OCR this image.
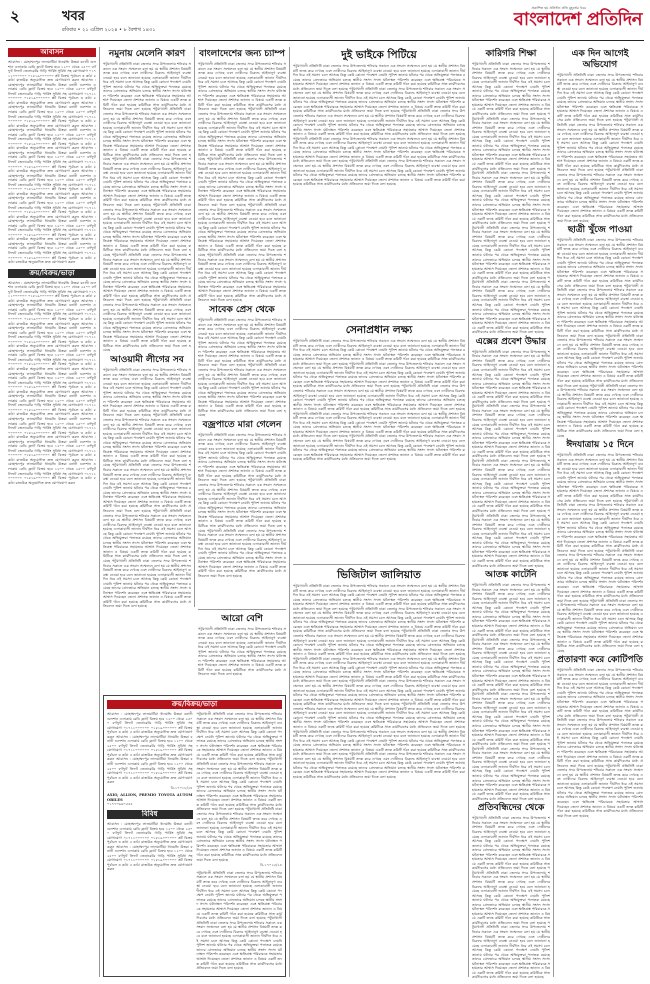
২	খবর
রবিবার • ২১ এপ্রিল ২০২৪ • ৮ বৈশাখ ১৪৩১
প্রকাশিত হয় প্রতিদিন প্রতি মুহূর্তের খবর
বাংলাদেশ প্রতিদিন
আবাসন
আবাসন : মোহাম্মদপুর লালমাটিয়া ধানমন্ডি উত্তরা বনানী গুলশান এলাকায় রেডি ফ্ল্যাট বিক্রয় হবে ১২০০ থেকে ২৫০০ বর্গফুট লিফট জেনারেটর গাড়ি পার্কিং সুবিধা সহ যোগাযোগ ০১৭১১০০০০০০ ০১৮১৯০০০০০০ প্লট বিক্রয় পূর্বাচল ৩ কাঠা ৫ কাঠা রাজউক অনুমোদিত দ্রুত যোগাযোগ করুন আবাসন : মোহাম্মদপুর লালমাটিয়া ধানমন্ডি উত্তরা বনানী গুলশান এলাকায় রেডি ফ্ল্যাট বিক্রয় হবে ১২০০ থেকে ২৫০০ বর্গফুট লিফট জেনারেটর গাড়ি পার্কিং সুবিধা সহ যোগাযোগ ০১৭১১০০০০০০ ০১৮১৯০০০০০০ প্লট বিক্রয় পূর্বাচল ৩ কাঠা ৫ কাঠা রাজউক অনুমোদিত দ্রুত যোগাযোগ করুন আবাসন : মোহাম্মদপুর লালমাটিয়া ধানমন্ডি উত্তরা বনানী গুলশান এলাকায় রেডি ফ্ল্যাট বিক্রয় হবে ১২০০ থেকে ২৫০০ বর্গফুট লিফট জেনারেটর গাড়ি পার্কিং সুবিধা সহ যোগাযোগ ০১৭১১০০০০০০ ০১৮১৯০০০০০০ প্লট বিক্রয় পূর্বাচল ৩ কাঠা ৫ কাঠা রাজউক অনুমোদিত দ্রুত যোগাযোগ করুন আবাসন : মোহাম্মদপুর লালমাটিয়া ধানমন্ডি উত্তরা বনানী গুলশান এলাকায় রেডি ফ্ল্যাট বিক্রয় হবে ১২০০ থেকে ২৫০০ বর্গফুট লিফট জেনারেটর গাড়ি পার্কিং সুবিধা সহ যোগাযোগ ০১৭১১০০০০০০ ০১৮১৯০০০০০০ প্লট বিক্রয় পূর্বাচল ৩ কাঠা ৫ কাঠা রাজউক অনুমোদিত দ্রুত যোগাযোগ করুন আবাসন : মোহাম্মদপুর লালমাটিয়া ধানমন্ডি উত্তরা বনানী গুলশান এলাকায় রেডি ফ্ল্যাট বিক্রয় হবে ১২০০ থেকে ২৫০০ বর্গফুট লিফট জেনারেটর গাড়ি পার্কিং সুবিধা সহ যোগাযোগ ০১৭১১০০০০০০ ০১৮১৯০০০০০০ প্লট বিক্রয় পূর্বাচল ৩ কাঠা ৫ কাঠা রাজউক অনুমোদিত দ্রুত যোগাযোগ করুন আবাসন : মোহাম্মদপুর লালমাটিয়া ধানমন্ডি উত্তরা বনানী গুলশান এলাকায় রেডি ফ্ল্যাট বিক্রয় হবে ১২০০ থেকে ২৫০০ বর্গফুট লিফট জেনারেটর গাড়ি পার্কিং সুবিধা সহ যোগাযোগ ০১৭১১০০০০০০ ০১৮১৯০০০০০০ প্লট বিক্রয় পূর্বাচল ৩ কাঠা ৫ কাঠা রাজউক অনুমোদিত দ্রুত যোগাযোগ করুন আবাসন : মোহাম্মদপুর লালমাটিয়া ধানমন্ডি উত্তরা বনানী গুলশান এলাকায় রেডি ফ্ল্যাট বিক্রয় হবে ১২০০ থেকে ২৫০০ বর্গফুট লিফট জেনারেটর গাড়ি পার্কিং সুবিধা সহ যোগাযোগ ০১৭১১০০০০০০ ০১৮১৯০০০০০০ প্লট বিক্রয় পূর্বাচল ৩ কাঠা ৫ কাঠা রাজউক অনুমোদিত দ্রুত যোগাযোগ করুন আবাসন : মোহাম্মদপুর লালমাটিয়া ধানমন্ডি উত্তরা বনানী গুলশান এলাকায় রেডি ফ্ল্যাট বিক্রয় হবে ১২০০ থেকে ২৫০০ বর্গফুট লিফট জেনারেটর গাড়ি পার্কিং সুবিধা সহ যোগাযোগ ০১৭১১০০০০০০ ০১৮১৯০০০০০০ প্লট বিক্রয় পূর্বাচল ৩ কাঠা ৫ কাঠা রাজউক অনুমোদিত দ্রুত যোগাযোগ করুন আবাসন : মোহাম্মদপুর লালমাটিয়া ধানমন্ডি উত্তরা বনানী গুলশান এলাকায় রেডি ফ্ল্যাট বিক্রয় হবে ১২০০ থেকে ২৫০০ বর্গফুট লিফট জেনারেটর গাড়ি পার্কিং সুবিধা সহ যোগাযোগ ০১৭১১০০০০০০ ০১৮১৯০০০০০০ প্লট বিক্রয় পূর্বাচল ৩ কাঠা ৫ কাঠা রাজউক অনুমোদিত দ্রুত যোগাযোগ করুন
ক্রয়/বিক্রয়/ভাড়া
আবাসন : মোহাম্মদপুর লালমাটিয়া ধানমন্ডি উত্তরা বনানী গুলশান এলাকায় রেডি ফ্ল্যাট বিক্রয় হবে ১২০০ থেকে ২৫০০ বর্গফুট লিফট জেনারেটর গাড়ি পার্কিং সুবিধা সহ যোগাযোগ ০১৭১১০০০০০০ ০১৮১৯০০০০০০ প্লট বিক্রয় পূর্বাচল ৩ কাঠা ৫ কাঠা রাজউক অনুমোদিত দ্রুত যোগাযোগ করুন আবাসন : মোহাম্মদপুর লালমাটিয়া ধানমন্ডি উত্তরা বনানী গুলশান এলাকায় রেডি ফ্ল্যাট বিক্রয় হবে ১২০০ থেকে ২৫০০ বর্গফুট লিফট জেনারেটর গাড়ি পার্কিং সুবিধা সহ যোগাযোগ ০১৭১১০০০০০০ ০১৮১৯০০০০০০ প্লট বিক্রয় পূর্বাচল ৩ কাঠা ৫ কাঠা রাজউক অনুমোদিত দ্রুত যোগাযোগ করুন আবাসন : মোহাম্মদপুর লালমাটিয়া ধানমন্ডি উত্তরা বনানী গুলশান এলাকায় রেডি ফ্ল্যাট বিক্রয় হবে ১২০০ থেকে ২৫০০ বর্গফুট লিফট জেনারেটর গাড়ি পার্কিং সুবিধা সহ যোগাযোগ ০১৭১১০০০০০০ ০১৮১৯০০০০০০ প্লট বিক্রয় পূর্বাচল ৩ কাঠা ৫ কাঠা রাজউক অনুমোদিত দ্রুত যোগাযোগ করুন আবাসন : মোহাম্মদপুর লালমাটিয়া ধানমন্ডি উত্তরা বনানী গুলশান এলাকায় রেডি ফ্ল্যাট বিক্রয় হবে ১২০০ থেকে ২৫০০ বর্গফুট লিফট জেনারেটর গাড়ি পার্কিং সুবিধা সহ যোগাযোগ ০১৭১১০০০০০০ ০১৮১৯০০০০০০ প্লট বিক্রয় পূর্বাচল ৩ কাঠা ৫ কাঠা রাজউক অনুমোদিত দ্রুত যোগাযোগ করুন আবাসন : মোহাম্মদপুর লালমাটিয়া ধানমন্ডি উত্তরা বনানী গুলশান এলাকায় রেডি ফ্ল্যাট বিক্রয় হবে ১২০০ থেকে ২৫০০ বর্গফুট লিফট জেনারেটর গাড়ি পার্কিং সুবিধা সহ যোগাযোগ ০১৭১১০০০০০০ ০১৮১৯০০০০০০ প্লট বিক্রয় পূর্বাচল ৩ কাঠা ৫ কাঠা রাজউক অনুমোদিত দ্রুত যোগাযোগ করুন আবাসন : মোহাম্মদপুর লালমাটিয়া ধানমন্ডি উত্তরা বনানী গুলশান এলাকায় রেডি ফ্ল্যাট বিক্রয় হবে ১২০০ থেকে ২৫০০ বর্গফুট লিফট জেনারেটর গাড়ি পার্কিং সুবিধা সহ যোগাযোগ ০১৭১১০০০০০০ ০১৮১৯০০০০০০ প্লট বিক্রয় পূর্বাচল ৩ কাঠা ৫ কাঠা রাজউক অনুমোদিত দ্রুত যোগাযোগ করুন আবাসন : মোহাম্মদপুর লালমাটিয়া ধানমন্ডি উত্তরা বনানী গুলশান এলাকায় রেডি ফ্ল্যাট বিক্রয় হবে ১২০০ থেকে ২৫০০ বর্গফুট লিফট জেনারেটর গাড়ি পার্কিং সুবিধা সহ যোগাযোগ ০১৭১১০০০০০০ ০১৮১৯০০০০০০ প্লট বিক্রয় পূর্বাচল ৩ কাঠা ৫ কাঠা রাজউক অনুমোদিত দ্রুত যোগাযোগ করুন আবাসন : মোহাম্মদপুর লালমাটিয়া ধানমন্ডি উত্তরা বনানী গুলশান এলাকায় রেডি ফ্ল্যাট বিক্রয় হবে ১২০০ থেকে ২৫০০ বর্গফুট লিফট জেনারেটর গাড়ি পার্কিং সুবিধা সহ যোগাযোগ ০১৭১১০০০০০০ ০১৮১৯০০০০০০ প্লট বিক্রয় পূর্বাচল ৩ কাঠা ৫ কাঠা রাজউক অনুমোদিত দ্রুত যোগাযোগ করুন আবাসন : মোহাম্মদপুর লালমাটিয়া ধানমন্ডি উত্তরা বনানী গুলশান এলাকায় রেডি ফ্ল্যাট বিক্রয় হবে ১২০০ থেকে ২৫০০ বর্গফুট লিফট জেনারেটর গাড়ি পার্কিং সুবিধা সহ যোগাযোগ ০১৭১১০০০০০০ ০১৮১৯০০০০০০ প্লট বিক্রয় পূর্বাচল ৩ কাঠা ৫ কাঠা রাজউক অনুমোদিত দ্রুত যোগাযোগ করুন
নমুনায় মেলেনি কারণ
পটুয়াখালী প্রতিনিধি ঢাকা জেলার সদর উপজেলায় শনিবার সকালে এক সংবাদ সম্মেলনে বলা হয় যে স্থানীয় প্রশাসন বিষয়টি তদন্ত করে দেখছে এবং দোষীদের বিরুদ্ধে আইনানুগ ব্যবস্থা নেওয়া হবে বলে জানানো হয়েছে এলাকাবাসী জানান দীর্ঘদিন ধরে এই সমস্যা চলে আসছে কিন্তু কেউ কোনো পদক্ষেপ নেয়নি পুলিশ জানায় ঘটনার পর থেকে অভিযুক্তরা পলাতক রয়েছে তাদের গ্রেফতারে অভিযান চলছে স্থানীয় সংসদ সদস্য ঘটনাস্থল পরিদর্শন করেছেন এবং ক্ষতিগ্রস্ত পরিবারকে সহায়তার আশ্বাস দিয়েছেন জেলা প্রশাসক জানান এ বিষয়ে একটি তদন্ত কমিটি গঠন করা হয়েছে কমিটিকে সাত কার্যদিবসের মধ্যে প্রতিবেদন জমা দিতে বলা হয়েছে পটুয়াখালী প্রতিনিধি ঢাকা জেলার সদর উপজেলায় শনিবার সকালে এক সংবাদ সম্মেলনে বলা হয় যে স্থানীয় প্রশাসন বিষয়টি তদন্ত করে দেখছে এবং দোষীদের বিরুদ্ধে আইনানুগ ব্যবস্থা নেওয়া হবে বলে জানানো হয়েছে এলাকাবাসী জানান দীর্ঘদিন ধরে এই সমস্যা চলে আসছে কিন্তু কেউ কোনো পদক্ষেপ নেয়নি পুলিশ জানায় ঘটনার পর থেকে অভিযুক্তরা পলাতক রয়েছে তাদের গ্রেফতারে অভিযান চলছে স্থানীয় সংসদ সদস্য ঘটনাস্থল পরিদর্শন করেছেন এবং ক্ষতিগ্রস্ত পরিবারকে সহায়তার আশ্বাস দিয়েছেন জেলা প্রশাসক জানান এ বিষয়ে একটি তদন্ত কমিটি গঠন করা হয়েছে কমিটিকে সাত কার্যদিবসের মধ্যে প্রতিবেদন জমা দিতে বলা হয়েছে পটুয়াখালী প্রতিনিধি ঢাকা জেলার সদর উপজেলায় শনিবার সকালে এক সংবাদ সম্মেলনে বলা হয় যে স্থানীয় প্রশাসন বিষয়টি তদন্ত করে দেখছে এবং দোষীদের বিরুদ্ধে আইনানুগ ব্যবস্থা নেওয়া হবে বলে জানানো হয়েছে এলাকাবাসী জানান দীর্ঘদিন ধরে এই সমস্যা চলে আসছে কিন্তু কেউ কোনো পদক্ষেপ নেয়নি পুলিশ জানায় ঘটনার পর থেকে অভিযুক্তরা পলাতক রয়েছে তাদের গ্রেফতারে অভিযান চলছে স্থানীয় সংসদ সদস্য ঘটনাস্থল পরিদর্শন করেছেন এবং ক্ষতিগ্রস্ত পরিবারকে সহায়তার আশ্বাস দিয়েছেন জেলা প্রশাসক জানান এ বিষয়ে একটি তদন্ত কমিটি গঠন করা হয়েছে কমিটিকে সাত কার্যদিবসের মধ্যে প্রতিবেদন জমা দিতে বলা হয়েছে পটুয়াখালী প্রতিনিধি ঢাকা জেলার সদর উপজেলায় শনিবার সকালে এক সংবাদ সম্মেলনে বলা হয় যে স্থানীয় প্রশাসন বিষয়টি তদন্ত করে দেখছে এবং দোষীদের বিরুদ্ধে আইনানুগ ব্যবস্থা নেওয়া হবে বলে জানানো হয়েছে এলাকাবাসী জানান দীর্ঘদিন ধরে এই সমস্যা চলে আসছে কিন্তু কেউ কোনো পদক্ষেপ নেয়নি পুলিশ জানায় ঘটনার পর থেকে অভিযুক্তরা পলাতক রয়েছে তাদের গ্রেফতারে অভিযান চলছে স্থানীয় সংসদ সদস্য ঘটনাস্থল পরিদর্শন করেছেন এবং ক্ষতিগ্রস্ত পরিবারকে সহায়তার আশ্বাস দিয়েছেন জেলা প্রশাসক জানান এ বিষয়ে একটি তদন্ত কমিটি গঠন করা হয়েছে কমিটিকে সাত কার্যদিবসের মধ্যে প্রতিবেদন জমা দিতে বলা হয়েছে পটুয়াখালী প্রতিনিধি ঢাকা জেলার সদর উপজেলায় শনিবার সকালে এক সংবাদ সম্মেলনে বলা হয় যে স্থানীয় প্রশাসন বিষয়টি তদন্ত করে দেখছে এবং দোষীদের বিরুদ্ধে আইনানুগ ব্যবস্থা নেওয়া হবে বলে জানানো হয়েছে এলাকাবাসী জানান দীর্ঘদিন ধরে এই সমস্যা চলে আসছে কিন্তু কেউ কোনো পদক্ষেপ নেয়নি পুলিশ জানায় ঘটনার পর থেকে অভিযুক্তরা পলাতক রয়েছে তাদের গ্রেফতারে অভিযান চলছে স্থানীয় সংসদ সদস্য ঘটনাস্থল পরিদর্শন করেছেন এবং ক্ষতিগ্রস্ত পরিবারকে সহায়তার আশ্বাস দিয়েছেন জেলা প্রশাসক জানান এ বিষয়ে একটি তদন্ত কমিটি গঠন করা হয়েছে কমিটিকে সাত কার্যদিবসের মধ্যে প্রতিবেদন জমা দিতে বলা হয়েছে পটুয়াখালী প্রতিনিধি ঢাকা জেলার সদর উপজেলায় শনিবার সকালে এক সংবাদ সম্মেলনে বলা হয় যে স্থানীয় প্রশাসন বিষয়টি তদন্ত করে দেখছে এবং দোষীদের বিরুদ্ধে আইনানুগ ব্যবস্থা নেওয়া হবে বলে জানানো হয়েছে এলাকাবাসী জানান দীর্ঘদিন ধরে এই সমস্যা চলে আসছে কিন্তু কেউ কোনো পদক্ষেপ নেয়নি পুলিশ জানায় ঘটনার পর থেকে অভিযুক্তরা পলাতক রয়েছে তাদের গ্রেফতারে অভিযান চলছে স্থানীয় সংসদ সদস্য ঘটনাস্থল পরিদর্শন করেছেন এবং ক্ষতিগ্রস্ত পরিবারকে সহায়তার আশ্বাস দিয়েছেন জেলা প্রশাসক জানান এ বিষয়ে একটি তদন্ত কমিটি গঠন করা হয়েছে কমিটিকে সাত কার্যদিবসের মধ্যে প্রতিবেদন জমা দিতে বলা হয়েছে
আওয়ামী লীগের সব
পটুয়াখালী প্রতিনিধি ঢাকা জেলার সদর উপজেলায় শনিবার সকালে এক সংবাদ সম্মেলনে বলা হয় যে স্থানীয় প্রশাসন বিষয়টি তদন্ত করে দেখছে এবং দোষীদের বিরুদ্ধে আইনানুগ ব্যবস্থা নেওয়া হবে বলে জানানো হয়েছে এলাকাবাসী জানান দীর্ঘদিন ধরে এই সমস্যা চলে আসছে কিন্তু কেউ কোনো পদক্ষেপ নেয়নি পুলিশ জানায় ঘটনার পর থেকে অভিযুক্তরা পলাতক রয়েছে তাদের গ্রেফতারে অভিযান চলছে স্থানীয় সংসদ সদস্য ঘটনাস্থল পরিদর্শন করেছেন এবং ক্ষতিগ্রস্ত পরিবারকে সহায়তার আশ্বাস দিয়েছেন জেলা প্রশাসক জানান এ বিষয়ে একটি তদন্ত কমিটি গঠন করা হয়েছে কমিটিকে সাত কার্যদিবসের মধ্যে প্রতিবেদন জমা দিতে বলা হয়েছে পটুয়াখালী প্রতিনিধি ঢাকা জেলার সদর উপজেলায় শনিবার সকালে এক সংবাদ সম্মেলনে বলা হয় যে স্থানীয় প্রশাসন বিষয়টি তদন্ত করে দেখছে এবং দোষীদের বিরুদ্ধে আইনানুগ ব্যবস্থা নেওয়া হবে বলে জানানো হয়েছে এলাকাবাসী জানান দীর্ঘদিন ধরে এই সমস্যা চলে আসছে কিন্তু কেউ কোনো পদক্ষেপ নেয়নি পুলিশ জানায় ঘটনার পর থেকে অভিযুক্তরা পলাতক রয়েছে তাদের গ্রেফতারে অভিযান চলছে স্থানীয় সংসদ সদস্য ঘটনাস্থল পরিদর্শন করেছেন এবং ক্ষতিগ্রস্ত পরিবারকে সহায়তার আশ্বাস দিয়েছেন জেলা প্রশাসক জানান এ বিষয়ে একটি তদন্ত কমিটি গঠন করা হয়েছে কমিটিকে সাত কার্যদিবসের মধ্যে প্রতিবেদন জমা দিতে বলা হয়েছে পটুয়াখালী প্রতিনিধি ঢাকা জেলার সদর উপজেলায় শনিবার সকালে এক সংবাদ সম্মেলনে বলা হয় যে স্থানীয় প্রশাসন বিষয়টি তদন্ত করে দেখছে এবং দোষীদের বিরুদ্ধে আইনানুগ ব্যবস্থা নেওয়া হবে বলে জানানো হয়েছে এলাকাবাসী জানান দীর্ঘদিন ধরে এই সমস্যা চলে আসছে কিন্তু কেউ কোনো পদক্ষেপ নেয়নি পুলিশ জানায় ঘটনার পর থেকে অভিযুক্তরা পলাতক রয়েছে তাদের গ্রেফতারে অভিযান চলছে স্থানীয় সংসদ সদস্য ঘটনাস্থল পরিদর্শন করেছেন এবং ক্ষতিগ্রস্ত পরিবারকে সহায়তার আশ্বাস দিয়েছেন জেলা প্রশাসক জানান এ বিষয়ে একটি তদন্ত কমিটি গঠন করা হয়েছে কমিটিকে সাত কার্যদিবসের মধ্যে প্রতিবেদন জমা দিতে বলা হয়েছে পটুয়াখালী প্রতিনিধি ঢাকা জেলার সদর উপজেলায় শনিবার সকালে এক সংবাদ সম্মেলনে বলা হয় যে স্থানীয় প্রশাসন বিষয়টি তদন্ত করে দেখছে এবং দোষীদের বিরুদ্ধে আইনানুগ ব্যবস্থা নেওয়া হবে বলে জানানো হয়েছে এলাকাবাসী জানান দীর্ঘদিন ধরে এই সমস্যা চলে আসছে কিন্তু কেউ কোনো পদক্ষেপ নেয়নি পুলিশ জানায় ঘটনার পর থেকে অভিযুক্তরা পলাতক রয়েছে তাদের গ্রেফতারে অভিযান চলছে স্থানীয় সংসদ সদস্য ঘটনাস্থল পরিদর্শন করেছেন এবং ক্ষতিগ্রস্ত পরিবারকে সহায়তার আশ্বাস দিয়েছেন জেলা প্রশাসক জানান এ বিষয়ে একটি তদন্ত কমিটি গঠন করা হয়েছে কমিটিকে সাত কার্যদিবসের মধ্যে প্রতিবেদন জমা দিতে বলা হয়েছে পটুয়াখালী প্রতিনিধি ঢাকা জেলার সদর উপজেলায় শনিবার সকালে এক সংবাদ সম্মেলনে বলা হয় যে স্থানীয় প্রশাসন বিষয়টি তদন্ত করে দেখছে এবং দোষীদের বিরুদ্ধে আইনানুগ ব্যবস্থা নেওয়া হবে বলে জানানো হয়েছে এলাকাবাসী জানান দীর্ঘদিন ধরে এই সমস্যা চলে আসছে কিন্তু কেউ কোনো পদক্ষেপ নেয়নি পুলিশ জানায় ঘটনার পর থেকে অভিযুক্তরা পলাতক রয়েছে তাদের গ্রেফতারে অভিযান চলছে স্থানীয় সংসদ সদস্য ঘটনাস্থল পরিদর্শন করেছেন এবং ক্ষতিগ্রস্ত পরিবারকে সহায়তার আশ্বাস দিয়েছেন জেলা প্রশাসক জানান এ বিষয়ে একটি তদন্ত কমিটি গঠন করা হয়েছে কমিটিকে সাত কার্যদিবসের মধ্যে প্রতিবেদন জমা দিতে বলা হয়েছে
বাংলাদেশের জন্য চ্যাম্প
পটুয়াখালী প্রতিনিধি ঢাকা জেলার সদর উপজেলায় শনিবার সকালে এক সংবাদ সম্মেলনে বলা হয় যে স্থানীয় প্রশাসন বিষয়টি তদন্ত করে দেখছে এবং দোষীদের বিরুদ্ধে আইনানুগ ব্যবস্থা নেওয়া হবে বলে জানানো হয়েছে এলাকাবাসী জানান দীর্ঘদিন ধরে এই সমস্যা চলে আসছে কিন্তু কেউ কোনো পদক্ষেপ নেয়নি পুলিশ জানায় ঘটনার পর থেকে অভিযুক্তরা পলাতক রয়েছে তাদের গ্রেফতারে অভিযান চলছে স্থানীয় সংসদ সদস্য ঘটনাস্থল পরিদর্শন করেছেন এবং ক্ষতিগ্রস্ত পরিবারকে সহায়তার আশ্বাস দিয়েছেন জেলা প্রশাসক জানান এ বিষয়ে একটি তদন্ত কমিটি গঠন করা হয়েছে কমিটিকে সাত কার্যদিবসের মধ্যে প্রতিবেদন জমা দিতে বলা হয়েছে পটুয়াখালী প্রতিনিধি ঢাকা জেলার সদর উপজেলায় শনিবার সকালে এক সংবাদ সম্মেলনে বলা হয় যে স্থানীয় প্রশাসন বিষয়টি তদন্ত করে দেখছে এবং দোষীদের বিরুদ্ধে আইনানুগ ব্যবস্থা নেওয়া হবে বলে জানানো হয়েছে এলাকাবাসী জানান দীর্ঘদিন ধরে এই সমস্যা চলে আসছে কিন্তু কেউ কোনো পদক্ষেপ নেয়নি পুলিশ জানায় ঘটনার পর থেকে অভিযুক্তরা পলাতক রয়েছে তাদের গ্রেফতারে অভিযান চলছে স্থানীয় সংসদ সদস্য ঘটনাস্থল পরিদর্শন করেছেন এবং ক্ষতিগ্রস্ত পরিবারকে সহায়তার আশ্বাস দিয়েছেন জেলা প্রশাসক জানান এ বিষয়ে একটি তদন্ত কমিটি গঠন করা হয়েছে কমিটিকে সাত কার্যদিবসের মধ্যে প্রতিবেদন জমা দিতে বলা হয়েছে পটুয়াখালী প্রতিনিধি ঢাকা জেলার সদর উপজেলায় শনিবার সকালে এক সংবাদ সম্মেলনে বলা হয় যে স্থানীয় প্রশাসন বিষয়টি তদন্ত করে দেখছে এবং দোষীদের বিরুদ্ধে আইনানুগ ব্যবস্থা নেওয়া হবে বলে জানানো হয়েছে এলাকাবাসী জানান দীর্ঘদিন ধরে এই সমস্যা চলে আসছে কিন্তু কেউ কোনো পদক্ষেপ নেয়নি পুলিশ জানায় ঘটনার পর থেকে অভিযুক্তরা পলাতক রয়েছে তাদের গ্রেফতারে অভিযান চলছে স্থানীয় সংসদ সদস্য ঘটনাস্থল পরিদর্শন করেছেন এবং ক্ষতিগ্রস্ত পরিবারকে সহায়তার আশ্বাস দিয়েছেন জেলা প্রশাসক জানান এ বিষয়ে একটি তদন্ত কমিটি গঠন করা হয়েছে কমিটিকে সাত কার্যদিবসের মধ্যে প্রতিবেদন জমা দিতে বলা হয়েছে পটুয়াখালী প্রতিনিধি ঢাকা জেলার সদর উপজেলায় শনিবার সকালে এক সংবাদ সম্মেলনে বলা হয় যে স্থানীয় প্রশাসন বিষয়টি তদন্ত করে দেখছে এবং দোষীদের বিরুদ্ধে আইনানুগ ব্যবস্থা নেওয়া হবে বলে জানানো হয়েছে এলাকাবাসী জানান দীর্ঘদিন ধরে এই সমস্যা চলে আসছে কিন্তু কেউ কোনো পদক্ষেপ নেয়নি পুলিশ জানায় ঘটনার পর থেকে অভিযুক্তরা পলাতক রয়েছে তাদের গ্রেফতারে অভিযান চলছে স্থানীয় সংসদ সদস্য ঘটনাস্থল পরিদর্শন করেছেন এবং ক্ষতিগ্রস্ত পরিবারকে সহায়তার আশ্বাস দিয়েছেন জেলা প্রশাসক জানান এ বিষয়ে একটি তদন্ত কমিটি গঠন করা হয়েছে কমিটিকে সাত কার্যদিবসের মধ্যে প্রতিবেদন জমা দিতে বলা হয়েছে পটুয়াখালী প্রতিনিধি ঢাকা জেলার সদর উপজেলায় শনিবার সকালে এক সংবাদ সম্মেলনে বলা হয় যে স্থানীয় প্রশাসন বিষয়টি তদন্ত করে দেখছে এবং দোষীদের বিরুদ্ধে আইনানুগ ব্যবস্থা নেওয়া হবে বলে জানানো হয়েছে এলাকাবাসী জানান দীর্ঘদিন ধরে এই সমস্যা চলে আসছে কিন্তু কেউ কোনো পদক্ষেপ নেয়নি পুলিশ জানায় ঘটনার পর থেকে অভিযুক্তরা পলাতক রয়েছে তাদের গ্রেফতারে অভিযান চলছে স্থানীয় সংসদ সদস্য ঘটনাস্থল পরিদর্শন করেছেন এবং ক্ষতিগ্রস্ত পরিবারকে সহায়তার আশ্বাস দিয়েছেন জেলা প্রশাসক জানান এ বিষয়ে একটি তদন্ত কমিটি গঠন করা হয়েছে কমিটিকে সাত কার্যদিবসের মধ্যে প্রতিবেদন জমা দিতে বলা হয়েছে
সাবেক প্রেস থেকে
পটুয়াখালী প্রতিনিধি ঢাকা জেলার সদর উপজেলায় শনিবার সকালে এক সংবাদ সম্মেলনে বলা হয় যে স্থানীয় প্রশাসন বিষয়টি তদন্ত করে দেখছে এবং দোষীদের বিরুদ্ধে আইনানুগ ব্যবস্থা নেওয়া হবে বলে জানানো হয়েছে এলাকাবাসী জানান দীর্ঘদিন ধরে এই সমস্যা চলে আসছে কিন্তু কেউ কোনো পদক্ষেপ নেয়নি পুলিশ জানায় ঘটনার পর থেকে অভিযুক্তরা পলাতক রয়েছে তাদের গ্রেফতারে অভিযান চলছে স্থানীয় সংসদ সদস্য ঘটনাস্থল পরিদর্শন করেছেন এবং ক্ষতিগ্রস্ত পরিবারকে সহায়তার আশ্বাস দিয়েছেন জেলা প্রশাসক জানান এ বিষয়ে একটি তদন্ত কমিটি গঠন করা হয়েছে কমিটিকে সাত কার্যদিবসের মধ্যে প্রতিবেদন জমা দিতে বলা হয়েছে পটুয়াখালী প্রতিনিধি ঢাকা জেলার সদর উপজেলায় শনিবার সকালে এক সংবাদ সম্মেলনে বলা হয় যে স্থানীয় প্রশাসন বিষয়টি তদন্ত করে দেখছে এবং দোষীদের বিরুদ্ধে আইনানুগ ব্যবস্থা নেওয়া হবে বলে জানানো হয়েছে এলাকাবাসী জানান দীর্ঘদিন ধরে এই সমস্যা চলে আসছে কিন্তু কেউ কোনো পদক্ষেপ নেয়নি পুলিশ জানায় ঘটনার পর থেকে অভিযুক্তরা পলাতক রয়েছে তাদের গ্রেফতারে অভিযান চলছে স্থানীয় সংসদ সদস্য ঘটনাস্থল পরিদর্শন করেছেন এবং ক্ষতিগ্রস্ত পরিবারকে সহায়তার আশ্বাস দিয়েছেন জেলা প্রশাসক জানান এ বিষয়ে একটি তদন্ত কমিটি গঠন করা হয়েছে কমিটিকে সাত কার্যদিবসের মধ্যে প্রতিবেদন জমা দিতে বলা হয়েছে
বজ্রপাতে মারা গেলেন
পটুয়াখালী প্রতিনিধি ঢাকা জেলার সদর উপজেলায় শনিবার সকালে এক সংবাদ সম্মেলনে বলা হয় যে স্থানীয় প্রশাসন বিষয়টি তদন্ত করে দেখছে এবং দোষীদের বিরুদ্ধে আইনানুগ ব্যবস্থা নেওয়া হবে বলে জানানো হয়েছে এলাকাবাসী জানান দীর্ঘদিন ধরে এই সমস্যা চলে আসছে কিন্তু কেউ কোনো পদক্ষেপ নেয়নি পুলিশ জানায় ঘটনার পর থেকে অভিযুক্তরা পলাতক রয়েছে তাদের গ্রেফতারে অভিযান চলছে স্থানীয় সংসদ সদস্য ঘটনাস্থল পরিদর্শন করেছেন এবং ক্ষতিগ্রস্ত পরিবারকে সহায়তার আশ্বাস দিয়েছেন জেলা প্রশাসক জানান এ বিষয়ে একটি তদন্ত কমিটি গঠন করা হয়েছে কমিটিকে সাত কার্যদিবসের মধ্যে প্রতিবেদন জমা দিতে বলা হয়েছে পটুয়াখালী প্রতিনিধি ঢাকা জেলার সদর উপজেলায় শনিবার সকালে এক সংবাদ সম্মেলনে বলা হয় যে স্থানীয় প্রশাসন বিষয়টি তদন্ত করে দেখছে এবং দোষীদের বিরুদ্ধে আইনানুগ ব্যবস্থা নেওয়া হবে বলে জানানো হয়েছে এলাকাবাসী জানান দীর্ঘদিন ধরে এই সমস্যা চলে আসছে কিন্তু কেউ কোনো পদক্ষেপ নেয়নি পুলিশ জানায় ঘটনার পর থেকে অভিযুক্তরা পলাতক রয়েছে তাদের গ্রেফতারে অভিযান চলছে স্থানীয় সংসদ সদস্য ঘটনাস্থল পরিদর্শন করেছেন এবং ক্ষতিগ্রস্ত পরিবারকে সহায়তার আশ্বাস দিয়েছেন জেলা প্রশাসক জানান এ বিষয়ে একটি তদন্ত কমিটি গঠন করা হয়েছে কমিটিকে সাত কার্যদিবসের মধ্যে প্রতিবেদন জমা দিতে বলা হয়েছে পটুয়াখালী প্রতিনিধি ঢাকা জেলার সদর উপজেলায় শনিবার সকালে এক সংবাদ সম্মেলনে বলা হয় যে স্থানীয় প্রশাসন বিষয়টি তদন্ত করে দেখছে এবং দোষীদের বিরুদ্ধে আইনানুগ ব্যবস্থা নেওয়া হবে বলে জানানো হয়েছে এলাকাবাসী জানান দীর্ঘদিন ধরে এই সমস্যা চলে আসছে কিন্তু কেউ কোনো পদক্ষেপ নেয়নি পুলিশ জানায় ঘটনার পর থেকে অভিযুক্তরা পলাতক রয়েছে তাদের গ্রেফতারে অভিযান চলছে স্থানীয় সংসদ সদস্য ঘটনাস্থল পরিদর্শন করেছেন এবং ক্ষতিগ্রস্ত পরিবারকে সহায়তার আশ্বাস দিয়েছেন জেলা প্রশাসক জানান এ বিষয়ে একটি তদন্ত কমিটি গঠন করা হয়েছে কমিটিকে সাত কার্যদিবসের মধ্যে প্রতিবেদন জমা দিতে বলা হয়েছে
দুই ভাইকে পিটিয়ে
পটুয়াখালী প্রতিনিধি ঢাকা জেলার সদর উপজেলায় শনিবার সকালে এক সংবাদ সম্মেলনে বলা হয় যে স্থানীয় প্রশাসন বিষয়টি তদন্ত করে দেখছে এবং দোষীদের বিরুদ্ধে আইনানুগ ব্যবস্থা নেওয়া হবে বলে জানানো হয়েছে এলাকাবাসী জানান দীর্ঘদিন ধরে এই সমস্যা চলে আসছে কিন্তু কেউ কোনো পদক্ষেপ নেয়নি পুলিশ জানায় ঘটনার পর থেকে অভিযুক্তরা পলাতক রয়েছে তাদের গ্রেফতারে অভিযান চলছে স্থানীয় সংসদ সদস্য ঘটনাস্থল পরিদর্শন করেছেন এবং ক্ষতিগ্রস্ত পরিবারকে সহায়তার আশ্বাস দিয়েছেন জেলা প্রশাসক জানান এ বিষয়ে একটি তদন্ত কমিটি গঠন করা হয়েছে কমিটিকে সাত কার্যদিবসের মধ্যে প্রতিবেদন জমা দিতে বলা হয়েছে পটুয়াখালী প্রতিনিধি ঢাকা জেলার সদর উপজেলায় শনিবার সকালে এক সংবাদ সম্মেলনে বলা হয় যে স্থানীয় প্রশাসন বিষয়টি তদন্ত করে দেখছে এবং দোষীদের বিরুদ্ধে আইনানুগ ব্যবস্থা নেওয়া হবে বলে জানানো হয়েছে এলাকাবাসী জানান দীর্ঘদিন ধরে এই সমস্যা চলে আসছে কিন্তু কেউ কোনো পদক্ষেপ নেয়নি পুলিশ জানায় ঘটনার পর থেকে অভিযুক্তরা পলাতক রয়েছে তাদের গ্রেফতারে অভিযান চলছে স্থানীয় সংসদ সদস্য ঘটনাস্থল পরিদর্শন করেছেন এবং ক্ষতিগ্রস্ত পরিবারকে সহায়তার আশ্বাস দিয়েছেন জেলা প্রশাসক জানান এ বিষয়ে একটি তদন্ত কমিটি গঠন করা হয়েছে কমিটিকে সাত কার্যদিবসের মধ্যে প্রতিবেদন জমা দিতে বলা হয়েছে পটুয়াখালী প্রতিনিধি ঢাকা জেলার সদর উপজেলায় শনিবার সকালে এক সংবাদ সম্মেলনে বলা হয় যে স্থানীয় প্রশাসন বিষয়টি তদন্ত করে দেখছে এবং দোষীদের বিরুদ্ধে আইনানুগ ব্যবস্থা নেওয়া হবে বলে জানানো হয়েছে এলাকাবাসী জানান দীর্ঘদিন ধরে এই সমস্যা চলে আসছে কিন্তু কেউ কোনো পদক্ষেপ নেয়নি পুলিশ জানায় ঘটনার পর থেকে অভিযুক্তরা পলাতক রয়েছে তাদের গ্রেফতারে অভিযান চলছে স্থানীয় সংসদ সদস্য ঘটনাস্থল পরিদর্শন করেছেন এবং ক্ষতিগ্রস্ত পরিবারকে সহায়তার আশ্বাস দিয়েছেন জেলা প্রশাসক জানান এ বিষয়ে একটি তদন্ত কমিটি গঠন করা হয়েছে কমিটিকে সাত কার্যদিবসের মধ্যে প্রতিবেদন জমা দিতে বলা হয়েছে পটুয়াখালী প্রতিনিধি ঢাকা জেলার সদর উপজেলায় শনিবার সকালে এক সংবাদ সম্মেলনে বলা হয় যে স্থানীয় প্রশাসন বিষয়টি তদন্ত করে দেখছে এবং দোষীদের বিরুদ্ধে আইনানুগ ব্যবস্থা নেওয়া হবে বলে জানানো হয়েছে এলাকাবাসী জানান দীর্ঘদিন ধরে এই সমস্যা চলে আসছে কিন্তু কেউ কোনো পদক্ষেপ নেয়নি পুলিশ জানায় ঘটনার পর থেকে অভিযুক্তরা পলাতক রয়েছে তাদের গ্রেফতারে অভিযান চলছে স্থানীয় সংসদ সদস্য ঘটনাস্থল পরিদর্শন করেছেন এবং ক্ষতিগ্রস্ত পরিবারকে সহায়তার আশ্বাস দিয়েছেন জেলা প্রশাসক জানান এ বিষয়ে একটি তদন্ত কমিটি গঠন করা হয়েছে কমিটিকে সাত কার্যদিবসের মধ্যে প্রতিবেদন জমা দিতে বলা হয়েছে পটুয়াখালী প্রতিনিধি ঢাকা জেলার সদর উপজেলায় শনিবার সকালে এক সংবাদ সম্মেলনে বলা হয় যে স্থানীয় প্রশাসন বিষয়টি তদন্ত করে দেখছে এবং দোষীদের বিরুদ্ধে আইনানুগ ব্যবস্থা নেওয়া হবে বলে জানানো হয়েছে এলাকাবাসী জানান দীর্ঘদিন ধরে এই সমস্যা চলে আসছে কিন্তু কেউ কোনো পদক্ষেপ নেয়নি পুলিশ জানায় ঘটনার পর থেকে অভিযুক্তরা পলাতক রয়েছে তাদের গ্রেফতারে অভিযান চলছে স্থানীয় সংসদ সদস্য ঘটনাস্থল পরিদর্শন করেছেন এবং ক্ষতিগ্রস্ত পরিবারকে সহায়তার আশ্বাস দিয়েছেন জেলা প্রশাসক জানান এ বিষয়ে একটি তদন্ত কমিটি গঠন করা হয়েছে কমিটিকে সাত কার্যদিবসের মধ্যে প্রতিবেদন জমা দিতে বলা হয়েছে
সেনাপ্রধান লক্ষ্য
পটুয়াখালী প্রতিনিধি ঢাকা জেলার সদর উপজেলায় শনিবার সকালে এক সংবাদ সম্মেলনে বলা হয় যে স্থানীয় প্রশাসন বিষয়টি তদন্ত করে দেখছে এবং দোষীদের বিরুদ্ধে আইনানুগ ব্যবস্থা নেওয়া হবে বলে জানানো হয়েছে এলাকাবাসী জানান দীর্ঘদিন ধরে এই সমস্যা চলে আসছে কিন্তু কেউ কোনো পদক্ষেপ নেয়নি পুলিশ জানায় ঘটনার পর থেকে অভিযুক্তরা পলাতক রয়েছে তাদের গ্রেফতারে অভিযান চলছে স্থানীয় সংসদ সদস্য ঘটনাস্থল পরিদর্শন করেছেন এবং ক্ষতিগ্রস্ত পরিবারকে সহায়তার আশ্বাস দিয়েছেন জেলা প্রশাসক জানান এ বিষয়ে একটি তদন্ত কমিটি গঠন করা হয়েছে কমিটিকে সাত কার্যদিবসের মধ্যে প্রতিবেদন জমা দিতে বলা হয়েছে পটুয়াখালী প্রতিনিধি ঢাকা জেলার সদর উপজেলায় শনিবার সকালে এক সংবাদ সম্মেলনে বলা হয় যে স্থানীয় প্রশাসন বিষয়টি তদন্ত করে দেখছে এবং দোষীদের বিরুদ্ধে আইনানুগ ব্যবস্থা নেওয়া হবে বলে জানানো হয়েছে এলাকাবাসী জানান দীর্ঘদিন ধরে এই সমস্যা চলে আসছে কিন্তু কেউ কোনো পদক্ষেপ নেয়নি পুলিশ জানায় ঘটনার পর থেকে অভিযুক্তরা পলাতক রয়েছে তাদের গ্রেফতারে অভিযান চলছে স্থানীয় সংসদ সদস্য ঘটনাস্থল পরিদর্শন করেছেন এবং ক্ষতিগ্রস্ত পরিবারকে সহায়তার আশ্বাস দিয়েছেন জেলা প্রশাসক জানান এ বিষয়ে একটি তদন্ত কমিটি গঠন করা হয়েছে কমিটিকে সাত কার্যদিবসের মধ্যে প্রতিবেদন জমা দিতে বলা হয়েছে পটুয়াখালী প্রতিনিধি ঢাকা জেলার সদর উপজেলায় শনিবার সকালে এক সংবাদ সম্মেলনে বলা হয় যে স্থানীয় প্রশাসন বিষয়টি তদন্ত করে দেখছে এবং দোষীদের বিরুদ্ধে আইনানুগ ব্যবস্থা নেওয়া হবে বলে জানানো হয়েছে এলাকাবাসী জানান দীর্ঘদিন ধরে এই সমস্যা চলে আসছে কিন্তু কেউ কোনো পদক্ষেপ নেয়নি পুলিশ জানায় ঘটনার পর থেকে অভিযুক্তরা পলাতক রয়েছে তাদের গ্রেফতারে অভিযান চলছে স্থানীয় সংসদ সদস্য ঘটনাস্থল পরিদর্শন করেছেন এবং ক্ষতিগ্রস্ত পরিবারকে সহায়তার আশ্বাস দিয়েছেন জেলা প্রশাসক জানান এ বিষয়ে একটি তদন্ত কমিটি গঠন করা হয়েছে কমিটিকে সাত কার্যদিবসের মধ্যে প্রতিবেদন জমা দিতে বলা হয়েছে পটুয়াখালী প্রতিনিধি ঢাকা জেলার সদর উপজেলায় শনিবার সকালে এক সংবাদ সম্মেলনে বলা হয় যে স্থানীয় প্রশাসন বিষয়টি তদন্ত করে দেখছে এবং দোষীদের বিরুদ্ধে আইনানুগ ব্যবস্থা নেওয়া হবে বলে জানানো হয়েছে এলাকাবাসী জানান দীর্ঘদিন ধরে এই সমস্যা চলে আসছে কিন্তু কেউ কোনো পদক্ষেপ নেয়নি পুলিশ জানায় ঘটনার পর থেকে অভিযুক্তরা পলাতক রয়েছে তাদের গ্রেফতারে অভিযান চলছে স্থানীয় সংসদ সদস্য ঘটনাস্থল পরিদর্শন করেছেন এবং ক্ষতিগ্রস্ত পরিবারকে সহায়তার আশ্বাস দিয়েছেন জেলা প্রশাসক জানান এ বিষয়ে একটি তদন্ত কমিটি গঠন করা হয়েছে কমিটিকে সাত কার্যদিবসের মধ্যে প্রতিবেদন জমা দিতে বলা হয়েছে পটুয়াখালী প্রতিনিধি ঢাকা জেলার সদর উপজেলায় শনিবার সকালে এক সংবাদ সম্মেলনে বলা হয় যে স্থানীয় প্রশাসন বিষয়টি তদন্ত করে দেখছে এবং দোষীদের বিরুদ্ধে আইনানুগ ব্যবস্থা নেওয়া হবে বলে জানানো হয়েছে এলাকাবাসী জানান দীর্ঘদিন ধরে এই সমস্যা চলে আসছে কিন্তু কেউ কোনো পদক্ষেপ নেয়নি পুলিশ জানায় ঘটনার পর থেকে অভিযুক্তরা পলাতক রয়েছে তাদের গ্রেফতারে অভিযান চলছে স্থানীয় সংসদ সদস্য ঘটনাস্থল পরিদর্শন করেছেন এবং ক্ষতিগ্রস্ত পরিবারকে সহায়তার আশ্বাস দিয়েছেন জেলা প্রশাসক জানান এ বিষয়ে একটি তদন্ত কমিটি গঠন করা হয়েছে কমিটিকে সাত কার্যদিবসের মধ্যে প্রতিবেদন জমা দিতে বলা হয়েছে
ভিজিটাল জালিয়াত
পটুয়াখালী প্রতিনিধি ঢাকা জেলার সদর উপজেলায় শনিবার সকালে এক সংবাদ সম্মেলনে বলা হয় যে স্থানীয় প্রশাসন বিষয়টি তদন্ত করে দেখছে এবং দোষীদের বিরুদ্ধে আইনানুগ ব্যবস্থা নেওয়া হবে বলে জানানো হয়েছে এলাকাবাসী জানান দীর্ঘদিন ধরে এই সমস্যা চলে আসছে কিন্তু কেউ কোনো পদক্ষেপ নেয়নি পুলিশ জানায় ঘটনার পর থেকে অভিযুক্তরা পলাতক রয়েছে তাদের গ্রেফতারে অভিযান চলছে স্থানীয় সংসদ সদস্য ঘটনাস্থল পরিদর্শন করেছেন এবং ক্ষতিগ্রস্ত পরিবারকে সহায়তার আশ্বাস দিয়েছেন জেলা প্রশাসক জানান এ বিষয়ে একটি তদন্ত কমিটি গঠন করা হয়েছে কমিটিকে সাত কার্যদিবসের মধ্যে প্রতিবেদন জমা দিতে বলা হয়েছে পটুয়াখালী প্রতিনিধি ঢাকা জেলার সদর উপজেলায় শনিবার সকালে এক সংবাদ সম্মেলনে বলা হয় যে স্থানীয় প্রশাসন বিষয়টি তদন্ত করে দেখছে এবং দোষীদের বিরুদ্ধে আইনানুগ ব্যবস্থা নেওয়া হবে বলে জানানো হয়েছে এলাকাবাসী জানান দীর্ঘদিন ধরে এই সমস্যা চলে আসছে কিন্তু কেউ কোনো পদক্ষেপ নেয়নি পুলিশ জানায় ঘটনার পর থেকে অভিযুক্তরা পলাতক রয়েছে তাদের গ্রেফতারে অভিযান চলছে স্থানীয় সংসদ সদস্য ঘটনাস্থল পরিদর্শন করেছেন এবং ক্ষতিগ্রস্ত পরিবারকে সহায়তার আশ্বাস দিয়েছেন জেলা প্রশাসক জানান এ বিষয়ে একটি তদন্ত কমিটি গঠন করা হয়েছে কমিটিকে সাত কার্যদিবসের মধ্যে প্রতিবেদন জমা দিতে বলা হয়েছে পটুয়াখালী প্রতিনিধি ঢাকা জেলার সদর উপজেলায় শনিবার সকালে এক সংবাদ সম্মেলনে বলা হয় যে স্থানীয় প্রশাসন বিষয়টি তদন্ত করে দেখছে এবং দোষীদের বিরুদ্ধে আইনানুগ ব্যবস্থা নেওয়া হবে বলে জানানো হয়েছে এলাকাবাসী জানান দীর্ঘদিন ধরে এই সমস্যা চলে আসছে কিন্তু কেউ কোনো পদক্ষেপ নেয়নি পুলিশ জানায় ঘটনার পর থেকে অভিযুক্তরা পলাতক রয়েছে তাদের গ্রেফতারে অভিযান চলছে স্থানীয় সংসদ সদস্য ঘটনাস্থল পরিদর্শন করেছেন এবং ক্ষতিগ্রস্ত পরিবারকে সহায়তার আশ্বাস দিয়েছেন জেলা প্রশাসক জানান এ বিষয়ে একটি তদন্ত কমিটি গঠন করা হয়েছে কমিটিকে সাত কার্যদিবসের মধ্যে প্রতিবেদন জমা দিতে বলা হয়েছে পটুয়াখালী প্রতিনিধি ঢাকা জেলার সদর উপজেলায় শনিবার সকালে এক সংবাদ সম্মেলনে বলা হয় যে স্থানীয় প্রশাসন বিষয়টি তদন্ত করে দেখছে এবং দোষীদের বিরুদ্ধে আইনানুগ ব্যবস্থা নেওয়া হবে বলে জানানো হয়েছে এলাকাবাসী জানান দীর্ঘদিন ধরে এই সমস্যা চলে আসছে কিন্তু কেউ কোনো পদক্ষেপ নেয়নি পুলিশ জানায় ঘটনার পর থেকে অভিযুক্তরা পলাতক রয়েছে তাদের গ্রেফতারে অভিযান চলছে স্থানীয় সংসদ সদস্য ঘটনাস্থল পরিদর্শন করেছেন এবং ক্ষতিগ্রস্ত পরিবারকে সহায়তার আশ্বাস দিয়েছেন জেলা প্রশাসক জানান এ বিষয়ে একটি তদন্ত কমিটি গঠন করা হয়েছে কমিটিকে সাত কার্যদিবসের মধ্যে প্রতিবেদন জমা দিতে বলা হয়েছে পটুয়াখালী প্রতিনিধি ঢাকা জেলার সদর উপজেলায় শনিবার সকালে এক সংবাদ সম্মেলনে বলা হয় যে স্থানীয় প্রশাসন বিষয়টি তদন্ত করে দেখছে এবং দোষীদের বিরুদ্ধে আইনানুগ ব্যবস্থা নেওয়া হবে বলে জানানো হয়েছে এলাকাবাসী জানান দীর্ঘদিন ধরে এই সমস্যা চলে আসছে কিন্তু কেউ কোনো পদক্ষেপ নেয়নি পুলিশ জানায় ঘটনার পর থেকে অভিযুক্তরা পলাতক রয়েছে তাদের গ্রেফতারে অভিযান চলছে স্থানীয় সংসদ সদস্য ঘটনাস্থল পরিদর্শন করেছেন এবং ক্ষতিগ্রস্ত পরিবারকে সহায়তার আশ্বাস দিয়েছেন জেলা প্রশাসক জানান এ বিষয়ে একটি তদন্ত কমিটি গঠন করা হয়েছে কমিটিকে সাত কার্যদিবসের মধ্যে প্রতিবেদন জমা দিতে বলা হয়েছে পটুয়াখালী প্রতিনিধি ঢাকা জেলার সদর উপজেলায় শনিবার সকালে এক সংবাদ সম্মেলনে বলা হয় যে স্থানীয় প্রশাসন বিষয়টি তদন্ত করে দেখছে এবং দোষীদের বিরুদ্ধে আইনানুগ ব্যবস্থা নেওয়া হবে বলে জানানো হয়েছে এলাকাবাসী জানান দীর্ঘদিন ধরে এই সমস্যা চলে আসছে কিন্তু কেউ কোনো পদক্ষেপ নেয়নি পুলিশ জানায় ঘটনার পর থেকে অভিযুক্তরা পলাতক রয়েছে তাদের গ্রেফতারে অভিযান চলছে স্থানীয় সংসদ সদস্য ঘটনাস্থল পরিদর্শন করেছেন এবং ক্ষতিগ্রস্ত পরিবারকে সহায়তার আশ্বাস দিয়েছেন জেলা প্রশাসক জানান এ বিষয়ে একটি তদন্ত কমিটি গঠন করা হয়েছে কমিটিকে সাত কার্যদিবসের মধ্যে প্রতিবেদন জমা দিতে বলা হয়েছে পটুয়াখালী প্রতিনিধি ঢাকা জেলার সদর উপজেলায় শনিবার সকালে এক সংবাদ সম্মেলনে বলা হয় যে স্থানীয় প্রশাসন বিষয়টি তদন্ত করে দেখছে এবং দোষীদের বিরুদ্ধে আইনানুগ ব্যবস্থা নেওয়া হবে বলে জানানো হয়েছে এলাকাবাসী জানান দীর্ঘদিন ধরে এই সমস্যা চলে আসছে কিন্তু কেউ কোনো পদক্ষেপ নেয়নি পুলিশ জানায় ঘটনার পর থেকে অভিযুক্তরা পলাতক রয়েছে তাদের গ্রেফতারে অভিযান চলছে স্থানীয় সংসদ সদস্য ঘটনাস্থল পরিদর্শন করেছেন এবং ক্ষতিগ্রস্ত পরিবারকে সহায়তার আশ্বাস দিয়েছেন জেলা প্রশাসক জানান এ বিষয়ে একটি তদন্ত কমিটি গঠন করা হয়েছে কমিটিকে সাত কার্যদিবসের মধ্যে প্রতিবেদন জমা দিতে বলা হয়েছে পটুয়াখালী প্রতিনিধি ঢাকা জেলার সদর উপজেলায় শনিবার সকালে এক সংবাদ সম্মেলনে বলা হয় যে স্থানীয় প্রশাসন বিষয়টি তদন্ত করে দেখছে এবং দোষীদের বিরুদ্ধে আইনানুগ ব্যবস্থা নেওয়া হবে বলে জানানো হয়েছে এলাকাবাসী জানান দীর্ঘদিন ধরে এই সমস্যা চলে আসছে কিন্তু কেউ কোনো পদক্ষেপ নেয়নি পুলিশ জানায় ঘটনার পর থেকে অভিযুক্তরা পলাতক রয়েছে তাদের গ্রেফতারে অভিযান চলছে স্থানীয় সংসদ সদস্য ঘটনাস্থল পরিদর্শন করেছেন এবং ক্ষতিগ্রস্ত পরিবারকে সহায়তার আশ্বাস দিয়েছেন জেলা প্রশাসক জানান এ বিষয়ে একটি তদন্ত কমিটি গঠন করা হয়েছে কমিটিকে সাত কার্যদিবসের মধ্যে প্রতিবেদন জমা দিতে বলা হয়েছে
কারিগরি শিক্ষা
পটুয়াখালী প্রতিনিধি ঢাকা জেলার সদর উপজেলায় শনিবার সকালে এক সংবাদ সম্মেলনে বলা হয় যে স্থানীয় প্রশাসন বিষয়টি তদন্ত করে দেখছে এবং দোষীদের বিরুদ্ধে আইনানুগ ব্যবস্থা নেওয়া হবে বলে জানানো হয়েছে এলাকাবাসী জানান দীর্ঘদিন ধরে এই সমস্যা চলে আসছে কিন্তু কেউ কোনো পদক্ষেপ নেয়নি পুলিশ জানায় ঘটনার পর থেকে অভিযুক্তরা পলাতক রয়েছে তাদের গ্রেফতারে অভিযান চলছে স্থানীয় সংসদ সদস্য ঘটনাস্থল পরিদর্শন করেছেন এবং ক্ষতিগ্রস্ত পরিবারকে সহায়তার আশ্বাস দিয়েছেন জেলা প্রশাসক জানান এ বিষয়ে একটি তদন্ত কমিটি গঠন করা হয়েছে কমিটিকে সাত কার্যদিবসের মধ্যে প্রতিবেদন জমা দিতে বলা হয়েছে পটুয়াখালী প্রতিনিধি ঢাকা জেলার সদর উপজেলায় শনিবার সকালে এক সংবাদ সম্মেলনে বলা হয় যে স্থানীয় প্রশাসন বিষয়টি তদন্ত করে দেখছে এবং দোষীদের বিরুদ্ধে আইনানুগ ব্যবস্থা নেওয়া হবে বলে জানানো হয়েছে এলাকাবাসী জানান দীর্ঘদিন ধরে এই সমস্যা চলে আসছে কিন্তু কেউ কোনো পদক্ষেপ নেয়নি পুলিশ জানায় ঘটনার পর থেকে অভিযুক্তরা পলাতক রয়েছে তাদের গ্রেফতারে অভিযান চলছে স্থানীয় সংসদ সদস্য ঘটনাস্থল পরিদর্শন করেছেন এবং ক্ষতিগ্রস্ত পরিবারকে সহায়তার আশ্বাস দিয়েছেন জেলা প্রশাসক জানান এ বিষয়ে একটি তদন্ত কমিটি গঠন করা হয়েছে কমিটিকে সাত কার্যদিবসের মধ্যে প্রতিবেদন জমা দিতে বলা হয়েছে পটুয়াখালী প্রতিনিধি ঢাকা জেলার সদর উপজেলায় শনিবার সকালে এক সংবাদ সম্মেলনে বলা হয় যে স্থানীয় প্রশাসন বিষয়টি তদন্ত করে দেখছে এবং দোষীদের বিরুদ্ধে আইনানুগ ব্যবস্থা নেওয়া হবে বলে জানানো হয়েছে এলাকাবাসী জানান দীর্ঘদিন ধরে এই সমস্যা চলে আসছে কিন্তু কেউ কোনো পদক্ষেপ নেয়নি পুলিশ জানায় ঘটনার পর থেকে অভিযুক্তরা পলাতক রয়েছে তাদের গ্রেফতারে অভিযান চলছে স্থানীয় সংসদ সদস্য ঘটনাস্থল পরিদর্শন করেছেন এবং ক্ষতিগ্রস্ত পরিবারকে সহায়তার আশ্বাস দিয়েছেন জেলা প্রশাসক জানান এ বিষয়ে একটি তদন্ত কমিটি গঠন করা হয়েছে কমিটিকে সাত কার্যদিবসের মধ্যে প্রতিবেদন জমা দিতে বলা হয়েছে পটুয়াখালী প্রতিনিধি ঢাকা জেলার সদর উপজেলায় শনিবার সকালে এক সংবাদ সম্মেলনে বলা হয় যে স্থানীয় প্রশাসন বিষয়টি তদন্ত করে দেখছে এবং দোষীদের বিরুদ্ধে আইনানুগ ব্যবস্থা নেওয়া হবে বলে জানানো হয়েছে এলাকাবাসী জানান দীর্ঘদিন ধরে এই সমস্যা চলে আসছে কিন্তু কেউ কোনো পদক্ষেপ নেয়নি পুলিশ জানায় ঘটনার পর থেকে অভিযুক্তরা পলাতক রয়েছে তাদের গ্রেফতারে অভিযান চলছে স্থানীয় সংসদ সদস্য ঘটনাস্থল পরিদর্শন করেছেন এবং ক্ষতিগ্রস্ত পরিবারকে সহায়তার আশ্বাস দিয়েছেন জেলা প্রশাসক জানান এ বিষয়ে একটি তদন্ত কমিটি গঠন করা হয়েছে কমিটিকে সাত কার্যদিবসের মধ্যে প্রতিবেদন জমা দিতে বলা হয়েছে পটুয়াখালী প্রতিনিধি ঢাকা জেলার সদর উপজেলায় শনিবার সকালে এক সংবাদ সম্মেলনে বলা হয় যে স্থানীয় প্রশাসন বিষয়টি তদন্ত করে দেখছে এবং দোষীদের বিরুদ্ধে আইনানুগ ব্যবস্থা নেওয়া হবে বলে জানানো হয়েছে এলাকাবাসী জানান দীর্ঘদিন ধরে এই সমস্যা চলে আসছে কিন্তু কেউ কোনো পদক্ষেপ নেয়নি পুলিশ জানায় ঘটনার পর থেকে অভিযুক্তরা পলাতক রয়েছে তাদের গ্রেফতারে অভিযান চলছে স্থানীয় সংসদ সদস্য ঘটনাস্থল পরিদর্শন করেছেন এবং ক্ষতিগ্রস্ত পরিবারকে সহায়তার আশ্বাস দিয়েছেন জেলা প্রশাসক জানান এ বিষয়ে একটি তদন্ত কমিটি গঠন করা হয়েছে কমিটিকে সাত কার্যদিবসের মধ্যে প্রতিবেদন জমা দিতে বলা হয়েছে
এক্সের প্রবেশ উদ্ধার
পটুয়াখালী প্রতিনিধি ঢাকা জেলার সদর উপজেলায় শনিবার সকালে এক সংবাদ সম্মেলনে বলা হয় যে স্থানীয় প্রশাসন বিষয়টি তদন্ত করে দেখছে এবং দোষীদের বিরুদ্ধে আইনানুগ ব্যবস্থা নেওয়া হবে বলে জানানো হয়েছে এলাকাবাসী জানান দীর্ঘদিন ধরে এই সমস্যা চলে আসছে কিন্তু কেউ কোনো পদক্ষেপ নেয়নি পুলিশ জানায় ঘটনার পর থেকে অভিযুক্তরা পলাতক রয়েছে তাদের গ্রেফতারে অভিযান চলছে স্থানীয় সংসদ সদস্য ঘটনাস্থল পরিদর্শন করেছেন এবং ক্ষতিগ্রস্ত পরিবারকে সহায়তার আশ্বাস দিয়েছেন জেলা প্রশাসক জানান এ বিষয়ে একটি তদন্ত কমিটি গঠন করা হয়েছে কমিটিকে সাত কার্যদিবসের মধ্যে প্রতিবেদন জমা দিতে বলা হয়েছে পটুয়াখালী প্রতিনিধি ঢাকা জেলার সদর উপজেলায় শনিবার সকালে এক সংবাদ সম্মেলনে বলা হয় যে স্থানীয় প্রশাসন বিষয়টি তদন্ত করে দেখছে এবং দোষীদের বিরুদ্ধে আইনানুগ ব্যবস্থা নেওয়া হবে বলে জানানো হয়েছে এলাকাবাসী জানান দীর্ঘদিন ধরে এই সমস্যা চলে আসছে কিন্তু কেউ কোনো পদক্ষেপ নেয়নি পুলিশ জানায় ঘটনার পর থেকে অভিযুক্তরা পলাতক রয়েছে তাদের গ্রেফতারে অভিযান চলছে স্থানীয় সংসদ সদস্য ঘটনাস্থল পরিদর্শন করেছেন এবং ক্ষতিগ্রস্ত পরিবারকে সহায়তার আশ্বাস দিয়েছেন জেলা প্রশাসক জানান এ বিষয়ে একটি তদন্ত কমিটি গঠন করা হয়েছে কমিটিকে সাত কার্যদিবসের মধ্যে প্রতিবেদন জমা দিতে বলা হয়েছে পটুয়াখালী প্রতিনিধি ঢাকা জেলার সদর উপজেলায় শনিবার সকালে এক সংবাদ সম্মেলনে বলা হয় যে স্থানীয় প্রশাসন বিষয়টি তদন্ত করে দেখছে এবং দোষীদের বিরুদ্ধে আইনানুগ ব্যবস্থা নেওয়া হবে বলে জানানো হয়েছে এলাকাবাসী জানান দীর্ঘদিন ধরে এই সমস্যা চলে আসছে কিন্তু কেউ কোনো পদক্ষেপ নেয়নি পুলিশ জানায় ঘটনার পর থেকে অভিযুক্তরা পলাতক রয়েছে তাদের গ্রেফতারে অভিযান চলছে স্থানীয় সংসদ সদস্য ঘটনাস্থল পরিদর্শন করেছেন এবং ক্ষতিগ্রস্ত পরিবারকে সহায়তার আশ্বাস দিয়েছেন জেলা প্রশাসক জানান এ বিষয়ে একটি তদন্ত কমিটি গঠন করা হয়েছে কমিটিকে সাত কার্যদিবসের মধ্যে প্রতিবেদন জমা দিতে বলা হয়েছে পটুয়াখালী প্রতিনিধি ঢাকা জেলার সদর উপজেলায় শনিবার সকালে এক সংবাদ সম্মেলনে বলা হয় যে স্থানীয় প্রশাসন বিষয়টি তদন্ত করে দেখছে এবং দোষীদের বিরুদ্ধে আইনানুগ ব্যবস্থা নেওয়া হবে বলে জানানো হয়েছে এলাকাবাসী জানান দীর্ঘদিন ধরে এই সমস্যা চলে আসছে কিন্তু কেউ কোনো পদক্ষেপ নেয়নি পুলিশ জানায় ঘটনার পর থেকে অভিযুক্তরা পলাতক রয়েছে তাদের গ্রেফতারে অভিযান চলছে স্থানীয় সংসদ সদস্য ঘটনাস্থল পরিদর্শন করেছেন এবং ক্ষতিগ্রস্ত পরিবারকে সহায়তার আশ্বাস দিয়েছেন জেলা প্রশাসক জানান এ বিষয়ে একটি তদন্ত কমিটি গঠন করা হয়েছে কমিটিকে সাত কার্যদিবসের মধ্যে প্রতিবেদন জমা দিতে বলা হয়েছে
আতঙ্ক কাটেনি
পটুয়াখালী প্রতিনিধি ঢাকা জেলার সদর উপজেলায় শনিবার সকালে এক সংবাদ সম্মেলনে বলা হয় যে স্থানীয় প্রশাসন বিষয়টি তদন্ত করে দেখছে এবং দোষীদের বিরুদ্ধে আইনানুগ ব্যবস্থা নেওয়া হবে বলে জানানো হয়েছে এলাকাবাসী জানান দীর্ঘদিন ধরে এই সমস্যা চলে আসছে কিন্তু কেউ কোনো পদক্ষেপ নেয়নি পুলিশ জানায় ঘটনার পর থেকে অভিযুক্তরা পলাতক রয়েছে তাদের গ্রেফতারে অভিযান চলছে স্থানীয় সংসদ সদস্য ঘটনাস্থল পরিদর্শন করেছেন এবং ক্ষতিগ্রস্ত পরিবারকে সহায়তার আশ্বাস দিয়েছেন জেলা প্রশাসক জানান এ বিষয়ে একটি তদন্ত কমিটি গঠন করা হয়েছে কমিটিকে সাত কার্যদিবসের মধ্যে প্রতিবেদন জমা দিতে বলা হয়েছে পটুয়াখালী প্রতিনিধি ঢাকা জেলার সদর উপজেলায় শনিবার সকালে এক সংবাদ সম্মেলনে বলা হয় যে স্থানীয় প্রশাসন বিষয়টি তদন্ত করে দেখছে এবং দোষীদের বিরুদ্ধে আইনানুগ ব্যবস্থা নেওয়া হবে বলে জানানো হয়েছে এলাকাবাসী জানান দীর্ঘদিন ধরে এই সমস্যা চলে আসছে কিন্তু কেউ কোনো পদক্ষেপ নেয়নি পুলিশ জানায় ঘটনার পর থেকে অভিযুক্তরা পলাতক রয়েছে তাদের গ্রেফতারে অভিযান চলছে স্থানীয় সংসদ সদস্য ঘটনাস্থল পরিদর্শন করেছেন এবং ক্ষতিগ্রস্ত পরিবারকে সহায়তার আশ্বাস দিয়েছেন জেলা প্রশাসক জানান এ বিষয়ে একটি তদন্ত কমিটি গঠন করা হয়েছে কমিটিকে সাত কার্যদিবসের মধ্যে প্রতিবেদন জমা দিতে বলা হয়েছে পটুয়াখালী প্রতিনিধি ঢাকা জেলার সদর উপজেলায় শনিবার সকালে এক সংবাদ সম্মেলনে বলা হয় যে স্থানীয় প্রশাসন বিষয়টি তদন্ত করে দেখছে এবং দোষীদের বিরুদ্ধে আইনানুগ ব্যবস্থা নেওয়া হবে বলে জানানো হয়েছে এলাকাবাসী জানান দীর্ঘদিন ধরে এই সমস্যা চলে আসছে কিন্তু কেউ কোনো পদক্ষেপ নেয়নি পুলিশ জানায় ঘটনার পর থেকে অভিযুক্তরা পলাতক রয়েছে তাদের গ্রেফতারে অভিযান চলছে স্থানীয় সংসদ সদস্য ঘটনাস্থল পরিদর্শন করেছেন এবং ক্ষতিগ্রস্ত পরিবারকে সহায়তার আশ্বাস দিয়েছেন জেলা প্রশাসক জানান এ বিষয়ে একটি তদন্ত কমিটি গঠন করা হয়েছে কমিটিকে সাত কার্যদিবসের মধ্যে প্রতিবেদন জমা দিতে বলা হয়েছে পটুয়াখালী প্রতিনিধি ঢাকা জেলার সদর উপজেলায় শনিবার সকালে এক সংবাদ সম্মেলনে বলা হয় যে স্থানীয় প্রশাসন বিষয়টি তদন্ত করে দেখছে এবং দোষীদের বিরুদ্ধে আইনানুগ ব্যবস্থা নেওয়া হবে বলে জানানো হয়েছে এলাকাবাসী জানান দীর্ঘদিন ধরে এই সমস্যা চলে আসছে কিন্তু কেউ কোনো পদক্ষেপ নেয়নি পুলিশ জানায় ঘটনার পর থেকে অভিযুক্তরা পলাতক রয়েছে তাদের গ্রেফতারে অভিযান চলছে স্থানীয় সংসদ সদস্য ঘটনাস্থল পরিদর্শন করেছেন এবং ক্ষতিগ্রস্ত পরিবারকে সহায়তার আশ্বাস দিয়েছেন জেলা প্রশাসক জানান এ বিষয়ে একটি তদন্ত কমিটি গঠন করা হয়েছে কমিটিকে সাত কার্যদিবসের মধ্যে প্রতিবেদন জমা দিতে বলা হয়েছে
প্রতিবন্ধিদের থেকে
পটুয়াখালী প্রতিনিধি ঢাকা জেলার সদর উপজেলায় শনিবার সকালে এক সংবাদ সম্মেলনে বলা হয় যে স্থানীয় প্রশাসন বিষয়টি তদন্ত করে দেখছে এবং দোষীদের বিরুদ্ধে আইনানুগ ব্যবস্থা নেওয়া হবে বলে জানানো হয়েছে এলাকাবাসী জানান দীর্ঘদিন ধরে এই সমস্যা চলে আসছে কিন্তু কেউ কোনো পদক্ষেপ নেয়নি পুলিশ জানায় ঘটনার পর থেকে অভিযুক্তরা পলাতক রয়েছে তাদের গ্রেফতারে অভিযান চলছে স্থানীয় সংসদ সদস্য ঘটনাস্থল পরিদর্শন করেছেন এবং ক্ষতিগ্রস্ত পরিবারকে সহায়তার আশ্বাস দিয়েছেন জেলা প্রশাসক জানান এ বিষয়ে একটি তদন্ত কমিটি গঠন করা হয়েছে কমিটিকে সাত কার্যদিবসের মধ্যে প্রতিবেদন জমা দিতে বলা হয়েছে পটুয়াখালী প্রতিনিধি ঢাকা জেলার সদর উপজেলায় শনিবার সকালে এক সংবাদ সম্মেলনে বলা হয় যে স্থানীয় প্রশাসন বিষয়টি তদন্ত করে দেখছে এবং দোষীদের বিরুদ্ধে আইনানুগ ব্যবস্থা নেওয়া হবে বলে জানানো হয়েছে এলাকাবাসী জানান দীর্ঘদিন ধরে এই সমস্যা চলে আসছে কিন্তু কেউ কোনো পদক্ষেপ নেয়নি পুলিশ জানায় ঘটনার পর থেকে অভিযুক্তরা পলাতক রয়েছে তাদের গ্রেফতারে অভিযান চলছে স্থানীয় সংসদ সদস্য ঘটনাস্থল পরিদর্শন করেছেন এবং ক্ষতিগ্রস্ত পরিবারকে সহায়তার আশ্বাস দিয়েছেন জেলা প্রশাসক জানান এ বিষয়ে একটি তদন্ত কমিটি গঠন করা হয়েছে কমিটিকে সাত কার্যদিবসের মধ্যে প্রতিবেদন জমা দিতে বলা হয়েছে পটুয়াখালী প্রতিনিধি ঢাকা জেলার সদর উপজেলায় শনিবার সকালে এক সংবাদ সম্মেলনে বলা হয় যে স্থানীয় প্রশাসন বিষয়টি তদন্ত করে দেখছে এবং দোষীদের বিরুদ্ধে আইনানুগ ব্যবস্থা নেওয়া হবে বলে জানানো হয়েছে এলাকাবাসী জানান দীর্ঘদিন ধরে এই সমস্যা চলে আসছে কিন্তু কেউ কোনো পদক্ষেপ নেয়নি পুলিশ জানায় ঘটনার পর থেকে অভিযুক্তরা পলাতক রয়েছে তাদের গ্রেফতারে অভিযান চলছে স্থানীয় সংসদ সদস্য ঘটনাস্থল পরিদর্শন করেছেন এবং ক্ষতিগ্রস্ত পরিবারকে সহায়তার আশ্বাস দিয়েছেন জেলা প্রশাসক জানান এ বিষয়ে একটি তদন্ত কমিটি গঠন করা হয়েছে কমিটিকে সাত কার্যদিবসের মধ্যে প্রতিবেদন জমা দিতে বলা হয়েছে
এক দিন আগেই অভিযোগ
পটুয়াখালী প্রতিনিধি ঢাকা জেলার সদর উপজেলায় শনিবার সকালে এক সংবাদ সম্মেলনে বলা হয় যে স্থানীয় প্রশাসন বিষয়টি তদন্ত করে দেখছে এবং দোষীদের বিরুদ্ধে আইনানুগ ব্যবস্থা নেওয়া হবে বলে জানানো হয়েছে এলাকাবাসী জানান দীর্ঘদিন ধরে এই সমস্যা চলে আসছে কিন্তু কেউ কোনো পদক্ষেপ নেয়নি পুলিশ জানায় ঘটনার পর থেকে অভিযুক্তরা পলাতক রয়েছে তাদের গ্রেফতারে অভিযান চলছে স্থানীয় সংসদ সদস্য ঘটনাস্থল পরিদর্শন করেছেন এবং ক্ষতিগ্রস্ত পরিবারকে সহায়তার আশ্বাস দিয়েছেন জেলা প্রশাসক জানান এ বিষয়ে একটি তদন্ত কমিটি গঠন করা হয়েছে কমিটিকে সাত কার্যদিবসের মধ্যে প্রতিবেদন জমা দিতে বলা হয়েছে পটুয়াখালী প্রতিনিধি ঢাকা জেলার সদর উপজেলায় শনিবার সকালে এক সংবাদ সম্মেলনে বলা হয় যে স্থানীয় প্রশাসন বিষয়টি তদন্ত করে দেখছে এবং দোষীদের বিরুদ্ধে আইনানুগ ব্যবস্থা নেওয়া হবে বলে জানানো হয়েছে এলাকাবাসী জানান দীর্ঘদিন ধরে এই সমস্যা চলে আসছে কিন্তু কেউ কোনো পদক্ষেপ নেয়নি পুলিশ জানায় ঘটনার পর থেকে অভিযুক্তরা পলাতক রয়েছে তাদের গ্রেফতারে অভিযান চলছে স্থানীয় সংসদ সদস্য ঘটনাস্থল পরিদর্শন করেছেন এবং ক্ষতিগ্রস্ত পরিবারকে সহায়তার আশ্বাস দিয়েছেন জেলা প্রশাসক জানান এ বিষয়ে একটি তদন্ত কমিটি গঠন করা হয়েছে কমিটিকে সাত কার্যদিবসের মধ্যে প্রতিবেদন জমা দিতে বলা হয়েছে পটুয়াখালী প্রতিনিধি ঢাকা জেলার সদর উপজেলায় শনিবার সকালে এক সংবাদ সম্মেলনে বলা হয় যে স্থানীয় প্রশাসন বিষয়টি তদন্ত করে দেখছে এবং দোষীদের বিরুদ্ধে আইনানুগ ব্যবস্থা নেওয়া হবে বলে জানানো হয়েছে এলাকাবাসী জানান দীর্ঘদিন ধরে এই সমস্যা চলে আসছে কিন্তু কেউ কোনো পদক্ষেপ নেয়নি পুলিশ জানায় ঘটনার পর থেকে অভিযুক্তরা পলাতক রয়েছে তাদের গ্রেফতারে অভিযান চলছে স্থানীয় সংসদ সদস্য ঘটনাস্থল পরিদর্শন করেছেন এবং ক্ষতিগ্রস্ত পরিবারকে সহায়তার আশ্বাস দিয়েছেন জেলা প্রশাসক জানান এ বিষয়ে একটি তদন্ত কমিটি গঠন করা হয়েছে কমিটিকে সাত কার্যদিবসের মধ্যে প্রতিবেদন জমা দিতে বলা হয়েছে
ছাত্রী খুঁজে পাওয়া
পটুয়াখালী প্রতিনিধি ঢাকা জেলার সদর উপজেলায় শনিবার সকালে এক সংবাদ সম্মেলনে বলা হয় যে স্থানীয় প্রশাসন বিষয়টি তদন্ত করে দেখছে এবং দোষীদের বিরুদ্ধে আইনানুগ ব্যবস্থা নেওয়া হবে বলে জানানো হয়েছে এলাকাবাসী জানান দীর্ঘদিন ধরে এই সমস্যা চলে আসছে কিন্তু কেউ কোনো পদক্ষেপ নেয়নি পুলিশ জানায় ঘটনার পর থেকে অভিযুক্তরা পলাতক রয়েছে তাদের গ্রেফতারে অভিযান চলছে স্থানীয় সংসদ সদস্য ঘটনাস্থল পরিদর্শন করেছেন এবং ক্ষতিগ্রস্ত পরিবারকে সহায়তার আশ্বাস দিয়েছেন জেলা প্রশাসক জানান এ বিষয়ে একটি তদন্ত কমিটি গঠন করা হয়েছে কমিটিকে সাত কার্যদিবসের মধ্যে প্রতিবেদন জমা দিতে বলা হয়েছে পটুয়াখালী প্রতিনিধি ঢাকা জেলার সদর উপজেলায় শনিবার সকালে এক সংবাদ সম্মেলনে বলা হয় যে স্থানীয় প্রশাসন বিষয়টি তদন্ত করে দেখছে এবং দোষীদের বিরুদ্ধে আইনানুগ ব্যবস্থা নেওয়া হবে বলে জানানো হয়েছে এলাকাবাসী জানান দীর্ঘদিন ধরে এই সমস্যা চলে আসছে কিন্তু কেউ কোনো পদক্ষেপ নেয়নি পুলিশ জানায় ঘটনার পর থেকে অভিযুক্তরা পলাতক রয়েছে তাদের গ্রেফতারে অভিযান চলছে স্থানীয় সংসদ সদস্য ঘটনাস্থল পরিদর্শন করেছেন এবং ক্ষতিগ্রস্ত পরিবারকে সহায়তার আশ্বাস দিয়েছেন জেলা প্রশাসক জানান এ বিষয়ে একটি তদন্ত কমিটি গঠন করা হয়েছে কমিটিকে সাত কার্যদিবসের মধ্যে প্রতিবেদন জমা দিতে বলা হয়েছে পটুয়াখালী প্রতিনিধি ঢাকা জেলার সদর উপজেলায় শনিবার সকালে এক সংবাদ সম্মেলনে বলা হয় যে স্থানীয় প্রশাসন বিষয়টি তদন্ত করে দেখছে এবং দোষীদের বিরুদ্ধে আইনানুগ ব্যবস্থা নেওয়া হবে বলে জানানো হয়েছে এলাকাবাসী জানান দীর্ঘদিন ধরে এই সমস্যা চলে আসছে কিন্তু কেউ কোনো পদক্ষেপ নেয়নি পুলিশ জানায় ঘটনার পর থেকে অভিযুক্তরা পলাতক রয়েছে তাদের গ্রেফতারে অভিযান চলছে স্থানীয় সংসদ সদস্য ঘটনাস্থল পরিদর্শন করেছেন এবং ক্ষতিগ্রস্ত পরিবারকে সহায়তার আশ্বাস দিয়েছেন জেলা প্রশাসক জানান এ বিষয়ে একটি তদন্ত কমিটি গঠন করা হয়েছে কমিটিকে সাত কার্যদিবসের মধ্যে প্রতিবেদন জমা দিতে বলা হয়েছে পটুয়াখালী প্রতিনিধি ঢাকা জেলার সদর উপজেলায় শনিবার সকালে এক সংবাদ সম্মেলনে বলা হয় যে স্থানীয় প্রশাসন বিষয়টি তদন্ত করে দেখছে এবং দোষীদের বিরুদ্ধে আইনানুগ ব্যবস্থা নেওয়া হবে বলে জানানো হয়েছে এলাকাবাসী জানান দীর্ঘদিন ধরে এই সমস্যা চলে আসছে কিন্তু কেউ কোনো পদক্ষেপ নেয়নি পুলিশ জানায় ঘটনার পর থেকে অভিযুক্তরা পলাতক রয়েছে তাদের গ্রেফতারে অভিযান চলছে স্থানীয় সংসদ সদস্য ঘটনাস্থল পরিদর্শন করেছেন এবং ক্ষতিগ্রস্ত পরিবারকে সহায়তার আশ্বাস দিয়েছেন জেলা প্রশাসক জানান এ বিষয়ে একটি তদন্ত কমিটি গঠন করা হয়েছে কমিটিকে সাত কার্যদিবসের মধ্যে প্রতিবেদন জমা দিতে বলা হয়েছে
ঈদযাত্রায় ১৫ দিনে
পটুয়াখালী প্রতিনিধি ঢাকা জেলার সদর উপজেলায় শনিবার সকালে এক সংবাদ সম্মেলনে বলা হয় যে স্থানীয় প্রশাসন বিষয়টি তদন্ত করে দেখছে এবং দোষীদের বিরুদ্ধে আইনানুগ ব্যবস্থা নেওয়া হবে বলে জানানো হয়েছে এলাকাবাসী জানান দীর্ঘদিন ধরে এই সমস্যা চলে আসছে কিন্তু কেউ কোনো পদক্ষেপ নেয়নি পুলিশ জানায় ঘটনার পর থেকে অভিযুক্তরা পলাতক রয়েছে তাদের গ্রেফতারে অভিযান চলছে স্থানীয় সংসদ সদস্য ঘটনাস্থল পরিদর্শন করেছেন এবং ক্ষতিগ্রস্ত পরিবারকে সহায়তার আশ্বাস দিয়েছেন জেলা প্রশাসক জানান এ বিষয়ে একটি তদন্ত কমিটি গঠন করা হয়েছে কমিটিকে সাত কার্যদিবসের মধ্যে প্রতিবেদন জমা দিতে বলা হয়েছে পটুয়াখালী প্রতিনিধি ঢাকা জেলার সদর উপজেলায় শনিবার সকালে এক সংবাদ সম্মেলনে বলা হয় যে স্থানীয় প্রশাসন বিষয়টি তদন্ত করে দেখছে এবং দোষীদের বিরুদ্ধে আইনানুগ ব্যবস্থা নেওয়া হবে বলে জানানো হয়েছে এলাকাবাসী জানান দীর্ঘদিন ধরে এই সমস্যা চলে আসছে কিন্তু কেউ কোনো পদক্ষেপ নেয়নি পুলিশ জানায় ঘটনার পর থেকে অভিযুক্তরা পলাতক রয়েছে তাদের গ্রেফতারে অভিযান চলছে স্থানীয় সংসদ সদস্য ঘটনাস্থল পরিদর্শন করেছেন এবং ক্ষতিগ্রস্ত পরিবারকে সহায়তার আশ্বাস দিয়েছেন জেলা প্রশাসক জানান এ বিষয়ে একটি তদন্ত কমিটি গঠন করা হয়েছে কমিটিকে সাত কার্যদিবসের মধ্যে প্রতিবেদন জমা দিতে বলা হয়েছে পটুয়াখালী প্রতিনিধি ঢাকা জেলার সদর উপজেলায় শনিবার সকালে এক সংবাদ সম্মেলনে বলা হয় যে স্থানীয় প্রশাসন বিষয়টি তদন্ত করে দেখছে এবং দোষীদের বিরুদ্ধে আইনানুগ ব্যবস্থা নেওয়া হবে বলে জানানো হয়েছে এলাকাবাসী জানান দীর্ঘদিন ধরে এই সমস্যা চলে আসছে কিন্তু কেউ কোনো পদক্ষেপ নেয়নি পুলিশ জানায় ঘটনার পর থেকে অভিযুক্তরা পলাতক রয়েছে তাদের গ্রেফতারে অভিযান চলছে স্থানীয় সংসদ সদস্য ঘটনাস্থল পরিদর্শন করেছেন এবং ক্ষতিগ্রস্ত পরিবারকে সহায়তার আশ্বাস দিয়েছেন জেলা প্রশাসক জানান এ বিষয়ে একটি তদন্ত কমিটি গঠন করা হয়েছে কমিটিকে সাত কার্যদিবসের মধ্যে প্রতিবেদন জমা দিতে বলা হয়েছে পটুয়াখালী প্রতিনিধি ঢাকা জেলার সদর উপজেলায় শনিবার সকালে এক সংবাদ সম্মেলনে বলা হয় যে স্থানীয় প্রশাসন বিষয়টি তদন্ত করে দেখছে এবং দোষীদের বিরুদ্ধে আইনানুগ ব্যবস্থা নেওয়া হবে বলে জানানো হয়েছে এলাকাবাসী জানান দীর্ঘদিন ধরে এই সমস্যা চলে আসছে কিন্তু কেউ কোনো পদক্ষেপ নেয়নি পুলিশ জানায় ঘটনার পর থেকে অভিযুক্তরা পলাতক রয়েছে তাদের গ্রেফতারে অভিযান চলছে স্থানীয় সংসদ সদস্য ঘটনাস্থল পরিদর্শন করেছেন এবং ক্ষতিগ্রস্ত পরিবারকে সহায়তার আশ্বাস দিয়েছেন জেলা প্রশাসক জানান এ বিষয়ে একটি তদন্ত কমিটি গঠন করা হয়েছে কমিটিকে সাত কার্যদিবসের মধ্যে প্রতিবেদন জমা দিতে বলা হয়েছে
প্রতারণা করে কোটিপতি
পটুয়াখালী প্রতিনিধি ঢাকা জেলার সদর উপজেলায় শনিবার সকালে এক সংবাদ সম্মেলনে বলা হয় যে স্থানীয় প্রশাসন বিষয়টি তদন্ত করে দেখছে এবং দোষীদের বিরুদ্ধে আইনানুগ ব্যবস্থা নেওয়া হবে বলে জানানো হয়েছে এলাকাবাসী জানান দীর্ঘদিন ধরে এই সমস্যা চলে আসছে কিন্তু কেউ কোনো পদক্ষেপ নেয়নি পুলিশ জানায় ঘটনার পর থেকে অভিযুক্তরা পলাতক রয়েছে তাদের গ্রেফতারে অভিযান চলছে স্থানীয় সংসদ সদস্য ঘটনাস্থল পরিদর্শন করেছেন এবং ক্ষতিগ্রস্ত পরিবারকে সহায়তার আশ্বাস দিয়েছেন জেলা প্রশাসক জানান এ বিষয়ে একটি তদন্ত কমিটি গঠন করা হয়েছে কমিটিকে সাত কার্যদিবসের মধ্যে প্রতিবেদন জমা দিতে বলা হয়েছে পটুয়াখালী প্রতিনিধি ঢাকা জেলার সদর উপজেলায় শনিবার সকালে এক সংবাদ সম্মেলনে বলা হয় যে স্থানীয় প্রশাসন বিষয়টি তদন্ত করে দেখছে এবং দোষীদের বিরুদ্ধে আইনানুগ ব্যবস্থা নেওয়া হবে বলে জানানো হয়েছে এলাকাবাসী জানান দীর্ঘদিন ধরে এই সমস্যা চলে আসছে কিন্তু কেউ কোনো পদক্ষেপ নেয়নি পুলিশ জানায় ঘটনার পর থেকে অভিযুক্তরা পলাতক রয়েছে তাদের গ্রেফতারে অভিযান চলছে স্থানীয় সংসদ সদস্য ঘটনাস্থল পরিদর্শন করেছেন এবং ক্ষতিগ্রস্ত পরিবারকে সহায়তার আশ্বাস দিয়েছেন জেলা প্রশাসক জানান এ বিষয়ে একটি তদন্ত কমিটি গঠন করা হয়েছে কমিটিকে সাত কার্যদিবসের মধ্যে প্রতিবেদন জমা দিতে বলা হয়েছে পটুয়াখালী প্রতিনিধি ঢাকা জেলার সদর উপজেলায় শনিবার সকালে এক সংবাদ সম্মেলনে বলা হয় যে স্থানীয় প্রশাসন বিষয়টি তদন্ত করে দেখছে এবং দোষীদের বিরুদ্ধে আইনানুগ ব্যবস্থা নেওয়া হবে বলে জানানো হয়েছে এলাকাবাসী জানান দীর্ঘদিন ধরে এই সমস্যা চলে আসছে কিন্তু কেউ কোনো পদক্ষেপ নেয়নি পুলিশ জানায় ঘটনার পর থেকে অভিযুক্তরা পলাতক রয়েছে তাদের গ্রেফতারে অভিযান চলছে স্থানীয় সংসদ সদস্য ঘটনাস্থল পরিদর্শন করেছেন এবং ক্ষতিগ্রস্ত পরিবারকে সহায়তার আশ্বাস দিয়েছেন জেলা প্রশাসক জানান এ বিষয়ে একটি তদন্ত কমিটি গঠন করা হয়েছে কমিটিকে সাত কার্যদিবসের মধ্যে প্রতিবেদন জমা দিতে বলা হয়েছে
আরো বেশি
পটুয়াখালী প্রতিনিধি ঢাকা জেলার সদর উপজেলায় শনিবার সকালে এক সংবাদ সম্মেলনে বলা হয় যে স্থানীয় প্রশাসন বিষয়টি তদন্ত করে দেখছে এবং দোষীদের বিরুদ্ধে আইনানুগ ব্যবস্থা নেওয়া হবে বলে জানানো হয়েছে এলাকাবাসী জানান দীর্ঘদিন ধরে এই সমস্যা চলে আসছে কিন্তু কেউ কোনো পদক্ষেপ নেয়নি পুলিশ জানায় ঘটনার পর থেকে অভিযুক্তরা পলাতক রয়েছে তাদের গ্রেফতারে অভিযান চলছে স্থানীয় সংসদ সদস্য ঘটনাস্থল পরিদর্শন করেছেন এবং ক্ষতিগ্রস্ত পরিবারকে সহায়তার আশ্বাস দিয়েছেন জেলা প্রশাসক জানান এ বিষয়ে একটি তদন্ত কমিটি গঠন করা হয়েছে কমিটিকে সাত কার্যদিবসের মধ্যে প্রতিবেদন জমা দিতে বলা হয়েছে
ক্রয়/বিক্রয়/ভাড়া
আবাসন : মোহাম্মদপুর লালমাটিয়া ধানমন্ডি উত্তরা বনানী গুলশান এলাকায় রেডি ফ্ল্যাট বিক্রয় হবে ১২০০ থেকে ২৫০০ বর্গফুট লিফট জেনারেটর গাড়ি পার্কিং সুবিধা সহ যোগাযোগ ০১৭১১০০০০০০ ০১৮১৯০০০০০০ প্লট বিক্রয় পূর্বাচল ৩ কাঠা ৫ কাঠা রাজউক অনুমোদিত দ্রুত যোগাযোগ করুন আবাসন : মোহাম্মদপুর লালমাটিয়া ধানমন্ডি উত্তরা বনানী গুলশান এলাকায় রেডি ফ্ল্যাট বিক্রয় হবে ১২০০ থেকে ২৫০০ বর্গফুট লিফট জেনারেটর গাড়ি পার্কিং সুবিধা সহ যোগাযোগ ০১৭১১০০০০০০ ০১৮১৯০০০০০০ প্লট বিক্রয় পূর্বাচল ৩ কাঠা ৫ কাঠা রাজউক অনুমোদিত দ্রুত যোগাযোগ করুন আবাসন : মোহাম্মদপুর লালমাটিয়া ধানমন্ডি উত্তরা বনানী গুলশান এলাকায় রেডি ফ্ল্যাট বিক্রয় হবে ১২০০ থেকে ২৫০০ বর্গফুট লিফট জেনারেটর গাড়ি পার্কিং সুবিধা সহ যোগাযোগ ০১৭১১০০০০০০ ০১৮১৯০০০০০০ প্লট বিক্রয় পূর্বাচল ৩ কাঠা ৫ কাঠা রাজউক অনুমোদিত দ্রুত যোগাযোগ করুন
বি-১৭০১৮/২৪
AXIO, ALLION, PREMIO TOYOTA AUTOMOBILES
০১৭৭০৬৬০৫৫৫
বিবিধ
আবাসন : মোহাম্মদপুর লালমাটিয়া ধানমন্ডি উত্তরা বনানী গুলশান এলাকায় রেডি ফ্ল্যাট বিক্রয় হবে ১২০০ থেকে ২৫০০ বর্গফুট লিফট জেনারেটর গাড়ি পার্কিং সুবিধা সহ যোগাযোগ ০১৭১১০০০০০০ ০১৮১৯০০০০০০ প্লট বিক্রয় পূর্বাচল ৩ কাঠা ৫ কাঠা রাজউক অনুমোদিত দ্রুত যোগাযোগ করুন আবাসন : মোহাম্মদপুর লালমাটিয়া ধানমন্ডি উত্তরা বনানী গুলশান এলাকায় রেডি ফ্ল্যাট বিক্রয় হবে ১২০০ থেকে ২৫০০ বর্গফুট লিফট জেনারেটর গাড়ি পার্কিং সুবিধা সহ যোগাযোগ ০১৭১১০০০০০০ ০১৮১৯০০০০০০ প্লট বিক্রয় পূর্বাচল ৩ কাঠা ৫ কাঠা রাজউক অনুমোদিত দ্রুত যোগাযোগ করুন
পটুয়াখালী প্রতিনিধি ঢাকা জেলার সদর উপজেলায় শনিবার সকালে এক সংবাদ সম্মেলনে বলা হয় যে স্থানীয় প্রশাসন বিষয়টি তদন্ত করে দেখছে এবং দোষীদের বিরুদ্ধে আইনানুগ ব্যবস্থা নেওয়া হবে বলে জানানো হয়েছে এলাকাবাসী জানান দীর্ঘদিন ধরে এই সমস্যা চলে আসছে কিন্তু কেউ কোনো পদক্ষেপ নেয়নি পুলিশ জানায় ঘটনার পর থেকে অভিযুক্তরা পলাতক রয়েছে তাদের গ্রেফতারে অভিযান চলছে স্থানীয় সংসদ সদস্য ঘটনাস্থল পরিদর্শন করেছেন এবং ক্ষতিগ্রস্ত পরিবারকে সহায়তার আশ্বাস দিয়েছেন জেলা প্রশাসক জানান এ বিষয়ে একটি তদন্ত কমিটি গঠন করা হয়েছে কমিটিকে সাত কার্যদিবসের মধ্যে প্রতিবেদন জমা দিতে বলা হয়েছে পটুয়াখালী প্রতিনিধি ঢাকা জেলার সদর উপজেলায় শনিবার সকালে এক সংবাদ সম্মেলনে বলা হয় যে স্থানীয় প্রশাসন বিষয়টি তদন্ত করে দেখছে এবং দোষীদের বিরুদ্ধে আইনানুগ ব্যবস্থা নেওয়া হবে বলে জানানো হয়েছে এলাকাবাসী জানান দীর্ঘদিন ধরে এই সমস্যা চলে আসছে কিন্তু কেউ কোনো পদক্ষেপ নেয়নি পুলিশ জানায় ঘটনার পর থেকে অভিযুক্তরা পলাতক রয়েছে তাদের গ্রেফতারে অভিযান চলছে স্থানীয় সংসদ সদস্য ঘটনাস্থল পরিদর্শন করেছেন এবং ক্ষতিগ্রস্ত পরিবারকে সহায়তার আশ্বাস দিয়েছেন জেলা প্রশাসক জানান এ বিষয়ে একটি তদন্ত কমিটি গঠন করা হয়েছে কমিটিকে সাত কার্যদিবসের মধ্যে প্রতিবেদন জমা দিতে বলা হয়েছে পটুয়াখালী প্রতিনিধি ঢাকা জেলার সদর উপজেলায় শনিবার সকালে এক সংবাদ সম্মেলনে বলা হয় যে স্থানীয় প্রশাসন বিষয়টি তদন্ত করে দেখছে এবং দোষীদের বিরুদ্ধে আইনানুগ ব্যবস্থা নেওয়া হবে বলে জানানো হয়েছে এলাকাবাসী জানান দীর্ঘদিন ধরে এই সমস্যা চলে আসছে কিন্তু কেউ কোনো পদক্ষেপ নেয়নি পুলিশ জানায় ঘটনার পর থেকে অভিযুক্তরা পলাতক রয়েছে তাদের গ্রেফতারে অভিযান চলছে স্থানীয় সংসদ সদস্য ঘটনাস্থল পরিদর্শন করেছেন এবং ক্ষতিগ্রস্ত পরিবারকে সহায়তার আশ্বাস দিয়েছেন জেলা প্রশাসক জানান এ বিষয়ে একটি তদন্ত কমিটি গঠন করা হয়েছে কমিটিকে সাত কার্যদিবসের মধ্যে প্রতিবেদন জমা দিতে বলা হয়েছে
বি-১৭০২৫/২৪
পটুয়াখালী প্রতিনিধি ঢাকা জেলার সদর উপজেলায় শনিবার সকালে এক সংবাদ সম্মেলনে বলা হয় যে স্থানীয় প্রশাসন বিষয়টি তদন্ত করে দেখছে এবং দোষীদের বিরুদ্ধে আইনানুগ ব্যবস্থা নেওয়া হবে বলে জানানো হয়েছে এলাকাবাসী জানান দীর্ঘদিন ধরে এই সমস্যা চলে আসছে কিন্তু কেউ কোনো পদক্ষেপ নেয়নি পুলিশ জানায় ঘটনার পর থেকে অভিযুক্তরা পলাতক রয়েছে তাদের গ্রেফতারে অভিযান চলছে স্থানীয় সংসদ সদস্য ঘটনাস্থল পরিদর্শন করেছেন এবং ক্ষতিগ্রস্ত পরিবারকে সহায়তার আশ্বাস দিয়েছেন জেলা প্রশাসক জানান এ বিষয়ে একটি তদন্ত কমিটি গঠন করা হয়েছে কমিটিকে সাত কার্যদিবসের মধ্যে প্রতিবেদন জমা দিতে বলা হয়েছে পটুয়াখালী প্রতিনিধি ঢাকা জেলার সদর উপজেলায় শনিবার সকালে এক সংবাদ সম্মেলনে বলা হয় যে স্থানীয় প্রশাসন বিষয়টি তদন্ত করে দেখছে এবং দোষীদের বিরুদ্ধে আইনানুগ ব্যবস্থা নেওয়া হবে বলে জানানো হয়েছে এলাকাবাসী জানান দীর্ঘদিন ধরে এই সমস্যা চলে আসছে কিন্তু কেউ কোনো পদক্ষেপ নেয়নি পুলিশ জানায় ঘটনার পর থেকে অভিযুক্তরা পলাতক রয়েছে তাদের গ্রেফতারে অভিযান চলছে স্থানীয় সংসদ সদস্য ঘটনাস্থল পরিদর্শন করেছেন এবং ক্ষতিগ্রস্ত পরিবারকে সহায়তার আশ্বাস দিয়েছেন জেলা প্রশাসক জানান এ বিষয়ে একটি তদন্ত কমিটি গঠন করা হয়েছে কমিটিকে সাত কার্যদিবসের মধ্যে প্রতিবেদন জমা দিতে বলা হয়েছে
